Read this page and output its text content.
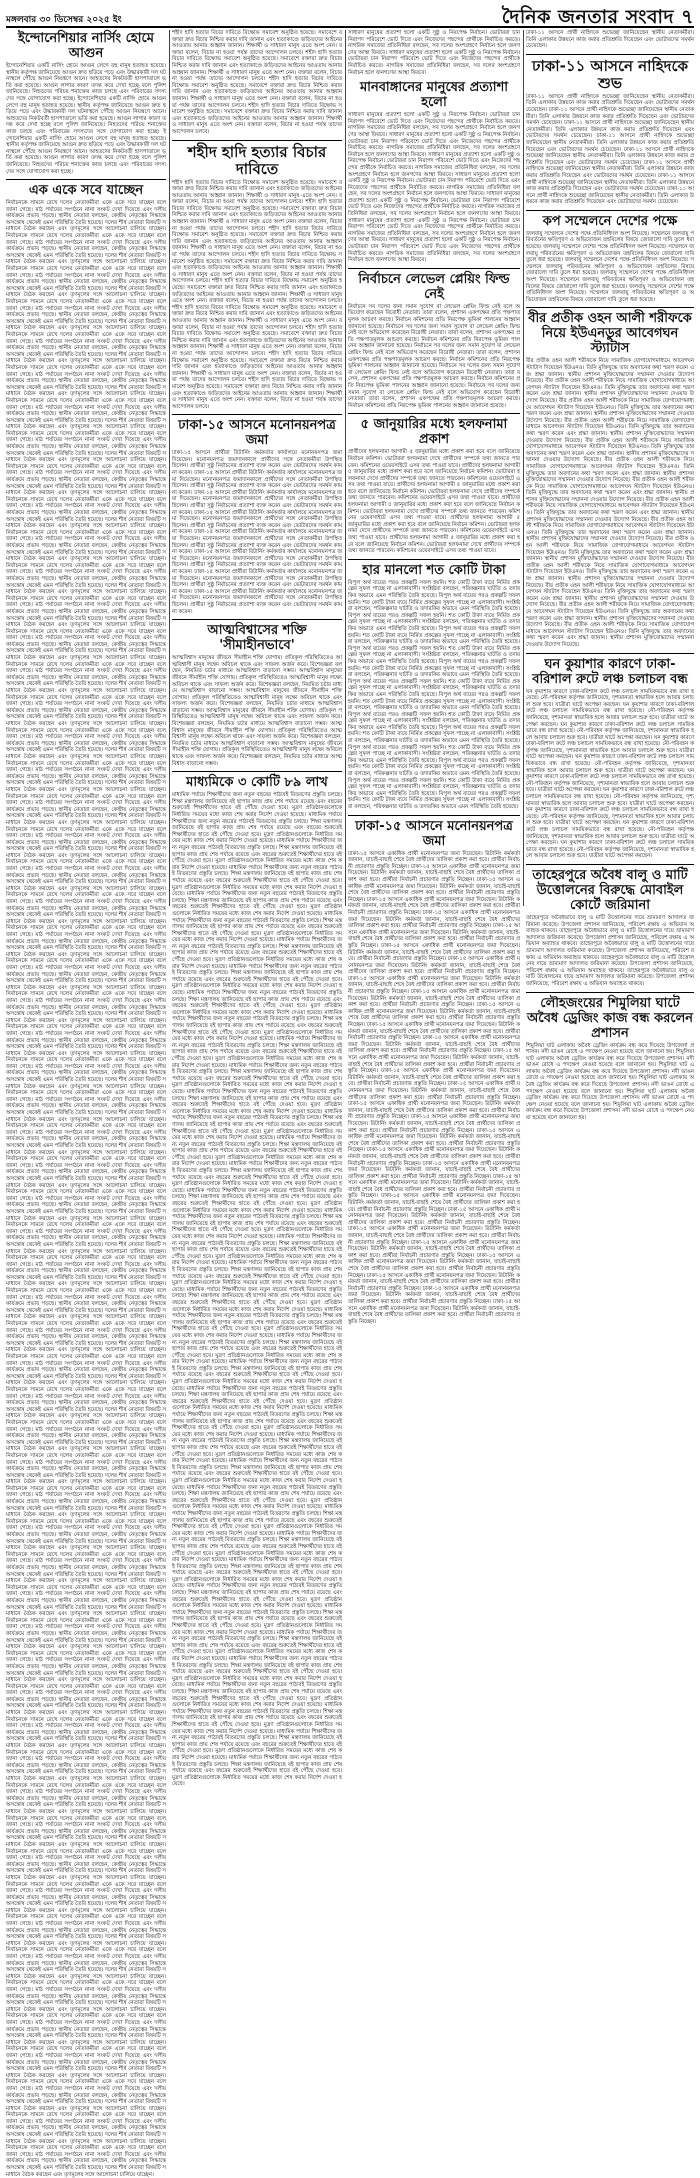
মঙ্গলবার ৩০ ডিসেম্বর ২০২৫ ইং	দৈনিক জনতার সংবাদ ৭
ইন্দোনেশিয়ার নার্সিং হোমে আগুন
ইন্দোনেশিয়ার একটি নার্সিং হোমে আগুন লেগে বহু মানুষ হতাহত হয়েছে। স্থানীয় কর্তৃপক্ষ জানিয়েছে আগুন দ্রুত ছড়িয়ে পড়ে এবং উদ্ধারকারী দল ঘটনাস্থলে পৌঁছে আগুন নিয়ন্ত্রণে আনে। আহতদের নিকটবর্তী হাসপাতালে ভর্তি করা হয়েছে। আগুন লাগার কারণ তদন্ত করে দেখা হচ্ছে বলে পুলিশ জানিয়েছে। নিহতদের পরিচয় শনাক্তের কাজ চলছে এবং পরিবারের সদস্যদের সঙ্গে যোগাযোগ করা হচ্ছে। ইন্দোনেশিয়ার একটি নার্সিং হোমে আগুন লেগে বহু মানুষ হতাহত হয়েছে। স্থানীয় কর্তৃপক্ষ জানিয়েছে আগুন দ্রুত ছড়িয়ে পড়ে এবং উদ্ধারকারী দল ঘটনাস্থলে পৌঁছে আগুন নিয়ন্ত্রণে আনে। আহতদের নিকটবর্তী হাসপাতালে ভর্তি করা হয়েছে। আগুন লাগার কারণ তদন্ত করে দেখা হচ্ছে বলে পুলিশ জানিয়েছে। নিহতদের পরিচয় শনাক্তের কাজ চলছে এবং পরিবারের সদস্যদের সঙ্গে যোগাযোগ করা হচ্ছে। ইন্দোনেশিয়ার একটি নার্সিং হোমে আগুন লেগে বহু মানুষ হতাহত হয়েছে। স্থানীয় কর্তৃপক্ষ জানিয়েছে আগুন দ্রুত ছড়িয়ে পড়ে এবং উদ্ধারকারী দল ঘটনাস্থলে পৌঁছে আগুন নিয়ন্ত্রণে আনে। আহতদের নিকটবর্তী হাসপাতালে ভর্তি করা হয়েছে। আগুন লাগার কারণ তদন্ত করে দেখা হচ্ছে বলে পুলিশ জানিয়েছে। নিহতদের পরিচয় শনাক্তের কাজ চলছে এবং পরিবারের সদস্যদের সঙ্গে যোগাযোগ করা হচ্ছে।
এক একে সবে যাচ্ছেন
নির্বাচনকে সামনে রেখে দলের নেতাকর্মীরা একে একে সরে যাচ্ছেন বলে জানা গেছে। মাঠ পর্যায়ের সংগঠনে নানা সংকট দেখা দিয়েছে এবং দলীয় কার্যক্রমে প্রভাব পড়ছে। স্থানীয় নেতারা বলছেন, কেন্দ্রীয় নেতৃত্বের সিদ্ধান্তে অসন্তোষ থেকেই এমন পরিস্থিতি তৈরি হয়েছে। দলের শীর্ষ নেতারা বিষয়টি সমাধানে বৈঠক করছেন এবং তৃণমূলের সঙ্গে আলোচনা চালিয়ে যাচ্ছেন। নির্বাচনকে সামনে রেখে দলের নেতাকর্মীরা একে একে সরে যাচ্ছেন বলে জানা গেছে। মাঠ পর্যায়ের সংগঠনে নানা সংকট দেখা দিয়েছে এবং দলীয় কার্যক্রমে প্রভাব পড়ছে। স্থানীয় নেতারা বলছেন, কেন্দ্রীয় নেতৃত্বের সিদ্ধান্তে অসন্তোষ থেকেই এমন পরিস্থিতি তৈরি হয়েছে। দলের শীর্ষ নেতারা বিষয়টি সমাধানে বৈঠক করছেন এবং তৃণমূলের সঙ্গে আলোচনা চালিয়ে যাচ্ছেন। নির্বাচনকে সামনে রেখে দলের নেতাকর্মীরা একে একে সরে যাচ্ছেন বলে জানা গেছে। মাঠ পর্যায়ের সংগঠনে নানা সংকট দেখা দিয়েছে এবং দলীয় কার্যক্রমে প্রভাব পড়ছে। স্থানীয় নেতারা বলছেন, কেন্দ্রীয় নেতৃত্বের সিদ্ধান্তে অসন্তোষ থেকেই এমন পরিস্থিতি তৈরি হয়েছে। দলের শীর্ষ নেতারা বিষয়টি সমাধানে বৈঠক করছেন এবং তৃণমূলের সঙ্গে আলোচনা চালিয়ে যাচ্ছেন। নির্বাচনকে সামনে রেখে দলের নেতাকর্মীরা একে একে সরে যাচ্ছেন বলে জানা গেছে। মাঠ পর্যায়ের সংগঠনে নানা সংকট দেখা দিয়েছে এবং দলীয় কার্যক্রমে প্রভাব পড়ছে। স্থানীয় নেতারা বলছেন, কেন্দ্রীয় নেতৃত্বের সিদ্ধান্তে অসন্তোষ থেকেই এমন পরিস্থিতি তৈরি হয়েছে। দলের শীর্ষ নেতারা বিষয়টি সমাধানে বৈঠক করছেন এবং তৃণমূলের সঙ্গে আলোচনা চালিয়ে যাচ্ছেন। নির্বাচনকে সামনে রেখে দলের নেতাকর্মীরা একে একে সরে যাচ্ছেন বলে জানা গেছে। মাঠ পর্যায়ের সংগঠনে নানা সংকট দেখা দিয়েছে এবং দলীয় কার্যক্রমে প্রভাব পড়ছে। স্থানীয় নেতারা বলছেন, কেন্দ্রীয় নেতৃত্বের সিদ্ধান্তে অসন্তোষ থেকেই এমন পরিস্থিতি তৈরি হয়েছে। দলের শীর্ষ নেতারা বিষয়টি সমাধানে বৈঠক করছেন এবং তৃণমূলের সঙ্গে আলোচনা চালিয়ে যাচ্ছেন। নির্বাচনকে সামনে রেখে দলের নেতাকর্মীরা একে একে সরে যাচ্ছেন বলে জানা গেছে। মাঠ পর্যায়ের সংগঠনে নানা সংকট দেখা দিয়েছে এবং দলীয় কার্যক্রমে প্রভাব পড়ছে। স্থানীয় নেতারা বলছেন, কেন্দ্রীয় নেতৃত্বের সিদ্ধান্তে অসন্তোষ থেকেই এমন পরিস্থিতি তৈরি হয়েছে। দলের শীর্ষ নেতারা বিষয়টি সমাধানে বৈঠক করছেন এবং তৃণমূলের সঙ্গে আলোচনা চালিয়ে যাচ্ছেন। নির্বাচনকে সামনে রেখে দলের নেতাকর্মীরা একে একে সরে যাচ্ছেন বলে জানা গেছে। মাঠ পর্যায়ের সংগঠনে নানা সংকট দেখা দিয়েছে এবং দলীয় কার্যক্রমে প্রভাব পড়ছে। স্থানীয় নেতারা বলছেন, কেন্দ্রীয় নেতৃত্বের সিদ্ধান্তে অসন্তোষ থেকেই এমন পরিস্থিতি তৈরি হয়েছে। দলের শীর্ষ নেতারা বিষয়টি সমাধানে বৈঠক করছেন এবং তৃণমূলের সঙ্গে আলোচনা চালিয়ে যাচ্ছেন। নির্বাচনকে সামনে রেখে দলের নেতাকর্মীরা একে একে সরে যাচ্ছেন বলে জানা গেছে। মাঠ পর্যায়ের সংগঠনে নানা সংকট দেখা দিয়েছে এবং দলীয় কার্যক্রমে প্রভাব পড়ছে। স্থানীয় নেতারা বলছেন, কেন্দ্রীয় নেতৃত্বের সিদ্ধান্তে অসন্তোষ থেকেই এমন পরিস্থিতি তৈরি হয়েছে। দলের শীর্ষ নেতারা বিষয়টি সমাধানে বৈঠক করছেন এবং তৃণমূলের সঙ্গে আলোচনা চালিয়ে যাচ্ছেন। নির্বাচনকে সামনে রেখে দলের নেতাকর্মীরা একে একে সরে যাচ্ছেন বলে জানা গেছে। মাঠ পর্যায়ের সংগঠনে নানা সংকট দেখা দিয়েছে এবং দলীয় কার্যক্রমে প্রভাব পড়ছে। স্থানীয় নেতারা বলছেন, কেন্দ্রীয় নেতৃত্বের সিদ্ধান্তে অসন্তোষ থেকেই এমন পরিস্থিতি তৈরি হয়েছে। দলের শীর্ষ নেতারা বিষয়টি সমাধানে বৈঠক করছেন এবং তৃণমূলের সঙ্গে আলোচনা চালিয়ে যাচ্ছেন। নির্বাচনকে সামনে রেখে দলের নেতাকর্মীরা একে একে সরে যাচ্ছেন বলে জানা গেছে। মাঠ পর্যায়ের সংগঠনে নানা সংকট দেখা দিয়েছে এবং দলীয় কার্যক্রমে প্রভাব পড়ছে। স্থানীয় নেতারা বলছেন, কেন্দ্রীয় নেতৃত্বের সিদ্ধান্তে অসন্তোষ থেকেই এমন পরিস্থিতি তৈরি হয়েছে। দলের শীর্ষ নেতারা বিষয়টি সমাধানে বৈঠক করছেন এবং তৃণমূলের সঙ্গে আলোচনা চালিয়ে যাচ্ছেন। নির্বাচনকে সামনে রেখে দলের নেতাকর্মীরা একে একে সরে যাচ্ছেন বলে জানা গেছে। মাঠ পর্যায়ের সংগঠনে নানা সংকট দেখা দিয়েছে এবং দলীয় কার্যক্রমে প্রভাব পড়ছে। স্থানীয় নেতারা বলছেন, কেন্দ্রীয় নেতৃত্বের সিদ্ধান্তে অসন্তোষ থেকেই এমন পরিস্থিতি তৈরি হয়েছে। দলের শীর্ষ নেতারা বিষয়টি সমাধানে বৈঠক করছেন এবং তৃণমূলের সঙ্গে আলোচনা চালিয়ে যাচ্ছেন। নির্বাচনকে সামনে রেখে দলের নেতাকর্মীরা একে একে সরে যাচ্ছেন বলে জানা গেছে। মাঠ পর্যায়ের সংগঠনে নানা সংকট দেখা দিয়েছে এবং দলীয় কার্যক্রমে প্রভাব পড়ছে। স্থানীয় নেতারা বলছেন, কেন্দ্রীয় নেতৃত্বের সিদ্ধান্তে অসন্তোষ থেকেই এমন পরিস্থিতি তৈরি হয়েছে। দলের শীর্ষ নেতারা বিষয়টি সমাধানে বৈঠক করছেন এবং তৃণমূলের সঙ্গে আলোচনা চালিয়ে যাচ্ছেন। নির্বাচনকে সামনে রেখে দলের নেতাকর্মীরা একে একে সরে যাচ্ছেন বলে জানা গেছে। মাঠ পর্যায়ের সংগঠনে নানা সংকট দেখা দিয়েছে এবং দলীয় কার্যক্রমে প্রভাব পড়ছে। স্থানীয় নেতারা বলছেন, কেন্দ্রীয় নেতৃত্বের সিদ্ধান্তে অসন্তোষ থেকেই এমন পরিস্থিতি তৈরি হয়েছে। দলের শীর্ষ নেতারা বিষয়টি সমাধানে বৈঠক করছেন এবং তৃণমূলের সঙ্গে আলোচনা চালিয়ে যাচ্ছেন। নির্বাচনকে সামনে রেখে দলের নেতাকর্মীরা একে একে সরে যাচ্ছেন বলে জানা গেছে। মাঠ পর্যায়ের সংগঠনে নানা সংকট দেখা দিয়েছে এবং দলীয় কার্যক্রমে প্রভাব পড়ছে। স্থানীয় নেতারা বলছেন, কেন্দ্রীয় নেতৃত্বের সিদ্ধান্তে অসন্তোষ থেকেই এমন পরিস্থিতি তৈরি হয়েছে। দলের শীর্ষ নেতারা বিষয়টি সমাধানে বৈঠক করছেন এবং তৃণমূলের সঙ্গে আলোচনা চালিয়ে যাচ্ছেন। নির্বাচনকে সামনে রেখে দলের নেতাকর্মীরা একে একে সরে যাচ্ছেন বলে জানা গেছে। মাঠ পর্যায়ের সংগঠনে নানা সংকট দেখা দিয়েছে এবং দলীয় কার্যক্রমে প্রভাব পড়ছে। স্থানীয় নেতারা বলছেন, কেন্দ্রীয় নেতৃত্বের সিদ্ধান্তে অসন্তোষ থেকেই এমন পরিস্থিতি তৈরি হয়েছে। দলের শীর্ষ নেতারা বিষয়টি সমাধানে বৈঠক করছেন এবং তৃণমূলের সঙ্গে আলোচনা চালিয়ে যাচ্ছেন। নির্বাচনকে সামনে রেখে দলের নেতাকর্মীরা একে একে সরে যাচ্ছেন বলে জানা গেছে। মাঠ পর্যায়ের সংগঠনে নানা সংকট দেখা দিয়েছে এবং দলীয় কার্যক্রমে প্রভাব পড়ছে। স্থানীয় নেতারা বলছেন, কেন্দ্রীয় নেতৃত্বের সিদ্ধান্তে অসন্তোষ থেকেই এমন পরিস্থিতি তৈরি হয়েছে। দলের শীর্ষ নেতারা বিষয়টি সমাধানে বৈঠক করছেন এবং তৃণমূলের সঙ্গে আলোচনা চালিয়ে যাচ্ছেন। নির্বাচনকে সামনে রেখে দলের নেতাকর্মীরা একে একে সরে যাচ্ছেন বলে জানা গেছে। মাঠ পর্যায়ের সংগঠনে নানা সংকট দেখা দিয়েছে এবং দলীয় কার্যক্রমে প্রভাব পড়ছে। স্থানীয় নেতারা বলছেন, কেন্দ্রীয় নেতৃত্বের সিদ্ধান্তে অসন্তোষ থেকেই এমন পরিস্থিতি তৈরি হয়েছে। দলের শীর্ষ নেতারা বিষয়টি সমাধানে বৈঠক করছেন এবং তৃণমূলের সঙ্গে আলোচনা চালিয়ে যাচ্ছেন। নির্বাচনকে সামনে রেখে দলের নেতাকর্মীরা একে একে সরে যাচ্ছেন বলে জানা গেছে। মাঠ পর্যায়ের সংগঠনে নানা সংকট দেখা দিয়েছে এবং দলীয় কার্যক্রমে প্রভাব পড়ছে। স্থানীয় নেতারা বলছেন, কেন্দ্রীয় নেতৃত্বের সিদ্ধান্তে অসন্তোষ থেকেই এমন পরিস্থিতি তৈরি হয়েছে। দলের শীর্ষ নেতারা বিষয়টি সমাধানে বৈঠক করছেন এবং তৃণমূলের সঙ্গে আলোচনা চালিয়ে যাচ্ছেন। নির্বাচনকে সামনে রেখে দলের নেতাকর্মীরা একে একে সরে যাচ্ছেন বলে জানা গেছে। মাঠ পর্যায়ের সংগঠনে নানা সংকট দেখা দিয়েছে এবং দলীয় কার্যক্রমে প্রভাব পড়ছে। স্থানীয় নেতারা বলছেন, কেন্দ্রীয় নেতৃত্বের সিদ্ধান্তে অসন্তোষ থেকেই এমন পরিস্থিতি তৈরি হয়েছে। দলের শীর্ষ নেতারা বিষয়টি সমাধানে বৈঠক করছেন এবং তৃণমূলের সঙ্গে আলোচনা চালিয়ে যাচ্ছেন। নির্বাচনকে সামনে রেখে দলের নেতাকর্মীরা একে একে সরে যাচ্ছেন বলে জানা গেছে। মাঠ পর্যায়ের সংগঠনে নানা সংকট দেখা দিয়েছে এবং দলীয় কার্যক্রমে প্রভাব পড়ছে। স্থানীয় নেতারা বলছেন, কেন্দ্রীয় নেতৃত্বের সিদ্ধান্তে অসন্তোষ থেকেই এমন পরিস্থিতি তৈরি হয়েছে। দলের শীর্ষ নেতারা বিষয়টি সমাধানে বৈঠক করছেন এবং তৃণমূলের সঙ্গে আলোচনা চালিয়ে যাচ্ছেন। নির্বাচনকে সামনে রেখে দলের নেতাকর্মীরা একে একে সরে যাচ্ছেন বলে জানা গেছে। মাঠ পর্যায়ের সংগঠনে নানা সংকট দেখা দিয়েছে এবং দলীয় কার্যক্রমে প্রভাব পড়ছে। স্থানীয় নেতারা বলছেন, কেন্দ্রীয় নেতৃত্বের সিদ্ধান্তে অসন্তোষ থেকেই এমন পরিস্থিতি তৈরি হয়েছে। দলের শীর্ষ নেতারা বিষয়টি সমাধানে বৈঠক করছেন এবং তৃণমূলের সঙ্গে আলোচনা চালিয়ে যাচ্ছেন। নির্বাচনকে সামনে রেখে দলের নেতাকর্মীরা একে একে সরে যাচ্ছেন বলে জানা গেছে। মাঠ পর্যায়ের সংগঠনে নানা সংকট দেখা দিয়েছে এবং দলীয় কার্যক্রমে প্রভাব পড়ছে। স্থানীয় নেতারা বলছেন, কেন্দ্রীয় নেতৃত্বের সিদ্ধান্তে অসন্তোষ থেকেই এমন পরিস্থিতি তৈরি হয়েছে। দলের শীর্ষ নেতারা বিষয়টি সমাধানে বৈঠক করছেন এবং তৃণমূলের সঙ্গে আলোচনা চালিয়ে যাচ্ছেন। নির্বাচনকে সামনে রেখে দলের নেতাকর্মীরা একে একে সরে যাচ্ছেন বলে জানা গেছে। মাঠ পর্যায়ের সংগঠনে নানা সংকট দেখা দিয়েছে এবং দলীয় কার্যক্রমে প্রভাব পড়ছে। স্থানীয় নেতারা বলছেন, কেন্দ্রীয় নেতৃত্বের সিদ্ধান্তে অসন্তোষ থেকেই এমন পরিস্থিতি তৈরি হয়েছে। দলের শীর্ষ নেতারা বিষয়টি সমাধানে বৈঠক করছেন এবং তৃণমূলের সঙ্গে আলোচনা চালিয়ে যাচ্ছেন। নির্বাচনকে সামনে রেখে দলের নেতাকর্মীরা একে একে সরে যাচ্ছেন বলে জানা গেছে। মাঠ পর্যায়ের সংগঠনে নানা সংকট দেখা দিয়েছে এবং দলীয় কার্যক্রমে প্রভাব পড়ছে। স্থানীয় নেতারা বলছেন, কেন্দ্রীয় নেতৃত্বের সিদ্ধান্তে অসন্তোষ থেকেই এমন পরিস্থিতি তৈরি হয়েছে। দলের শীর্ষ নেতারা বিষয়টি সমাধানে বৈঠক করছেন এবং তৃণমূলের সঙ্গে আলোচনা চালিয়ে যাচ্ছেন। নির্বাচনকে সামনে রেখে দলের নেতাকর্মীরা একে একে সরে যাচ্ছেন বলে জানা গেছে। মাঠ পর্যায়ের সংগঠনে নানা সংকট দেখা দিয়েছে এবং দলীয় কার্যক্রমে প্রভাব পড়ছে। স্থানীয় নেতারা বলছেন, কেন্দ্রীয় নেতৃত্বের সিদ্ধান্তে অসন্তোষ থেকেই এমন পরিস্থিতি তৈরি হয়েছে। দলের শীর্ষ নেতারা বিষয়টি সমাধানে বৈঠক করছেন এবং তৃণমূলের সঙ্গে আলোচনা চালিয়ে যাচ্ছেন। নির্বাচনকে সামনে রেখে দলের নেতাকর্মীরা একে একে সরে যাচ্ছেন বলে জানা গেছে। মাঠ পর্যায়ের সংগঠনে নানা সংকট দেখা দিয়েছে এবং দলীয় কার্যক্রমে প্রভাব পড়ছে। স্থানীয় নেতারা বলছেন, কেন্দ্রীয় নেতৃত্বের সিদ্ধান্তে অসন্তোষ থেকেই এমন পরিস্থিতি তৈরি হয়েছে। দলের শীর্ষ নেতারা বিষয়টি সমাধানে বৈঠক করছেন এবং তৃণমূলের সঙ্গে আলোচনা চালিয়ে যাচ্ছেন। নির্বাচনকে সামনে রেখে দলের নেতাকর্মীরা একে একে সরে যাচ্ছেন বলে জানা গেছে। মাঠ পর্যায়ের সংগঠনে নানা সংকট দেখা দিয়েছে এবং দলীয় কার্যক্রমে প্রভাব পড়ছে। স্থানীয় নেতারা বলছেন, কেন্দ্রীয় নেতৃত্বের সিদ্ধান্তে অসন্তোষ থেকেই এমন পরিস্থিতি তৈরি হয়েছে। দলের শীর্ষ নেতারা বিষয়টি সমাধানে বৈঠক করছেন এবং তৃণমূলের সঙ্গে আলোচনা চালিয়ে যাচ্ছেন। নির্বাচনকে সামনে রেখে দলের নেতাকর্মীরা একে একে সরে যাচ্ছেন বলে জানা গেছে। মাঠ পর্যায়ের সংগঠনে নানা সংকট দেখা দিয়েছে এবং দলীয় কার্যক্রমে প্রভাব পড়ছে। স্থানীয় নেতারা বলছেন, কেন্দ্রীয় নেতৃত্বের সিদ্ধান্তে অসন্তোষ থেকেই এমন পরিস্থিতি তৈরি হয়েছে। দলের শীর্ষ নেতারা বিষয়টি সমাধানে বৈঠক করছেন এবং তৃণমূলের সঙ্গে আলোচনা চালিয়ে যাচ্ছেন। নির্বাচনকে সামনে রেখে দলের নেতাকর্মীরা একে একে সরে যাচ্ছেন বলে জানা গেছে। মাঠ পর্যায়ের সংগঠনে নানা সংকট দেখা দিয়েছে এবং দলীয় কার্যক্রমে প্রভাব পড়ছে। স্থানীয় নেতারা বলছেন, কেন্দ্রীয় নেতৃত্বের সিদ্ধান্তে অসন্তোষ থেকেই এমন পরিস্থিতি তৈরি হয়েছে। দলের শীর্ষ নেতারা বিষয়টি সমাধানে বৈঠক করছেন এবং তৃণমূলের সঙ্গে আলোচনা চালিয়ে যাচ্ছেন। নির্বাচনকে সামনে রেখে দলের নেতাকর্মীরা একে একে সরে যাচ্ছেন বলে জানা গেছে। মাঠ পর্যায়ের সংগঠনে নানা সংকট দেখা দিয়েছে এবং দলীয় কার্যক্রমে প্রভাব পড়ছে। স্থানীয় নেতারা বলছেন, কেন্দ্রীয় নেতৃত্বের সিদ্ধান্তে অসন্তোষ থেকেই এমন পরিস্থিতি তৈরি হয়েছে। দলের শীর্ষ নেতারা বিষয়টি সমাধানে বৈঠক করছেন এবং তৃণমূলের সঙ্গে আলোচনা চালিয়ে যাচ্ছেন। নির্বাচনকে সামনে রেখে দলের নেতাকর্মীরা একে একে সরে যাচ্ছেন বলে জানা গেছে। মাঠ পর্যায়ের সংগঠনে নানা সংকট দেখা দিয়েছে এবং দলীয় কার্যক্রমে প্রভাব পড়ছে। স্থানীয় নেতারা বলছেন, কেন্দ্রীয় নেতৃত্বের সিদ্ধান্তে অসন্তোষ থেকেই এমন পরিস্থিতি তৈরি হয়েছে। দলের শীর্ষ নেতারা বিষয়টি সমাধানে বৈঠক করছেন এবং তৃণমূলের সঙ্গে আলোচনা চালিয়ে যাচ্ছেন। নির্বাচনকে সামনে রেখে দলের নেতাকর্মীরা একে একে সরে যাচ্ছেন বলে জানা গেছে। মাঠ পর্যায়ের সংগঠনে নানা সংকট দেখা দিয়েছে এবং দলীয় কার্যক্রমে প্রভাব পড়ছে। স্থানীয় নেতারা বলছেন, কেন্দ্রীয় নেতৃত্বের সিদ্ধান্তে অসন্তোষ থেকেই এমন পরিস্থিতি তৈরি হয়েছে। দলের শীর্ষ নেতারা বিষয়টি সমাধানে বৈঠক করছেন এবং তৃণমূলের সঙ্গে আলোচনা চালিয়ে যাচ্ছেন। নির্বাচনকে সামনে রেখে দলের নেতাকর্মীরা একে একে সরে যাচ্ছেন বলে জানা গেছে। মাঠ পর্যায়ের সংগঠনে নানা সংকট দেখা দিয়েছে এবং দলীয় কার্যক্রমে প্রভাব পড়ছে। স্থানীয় নেতারা বলছেন, কেন্দ্রীয় নেতৃত্বের সিদ্ধান্তে অসন্তোষ থেকেই এমন পরিস্থিতি তৈরি হয়েছে। দলের শীর্ষ নেতারা বিষয়টি সমাধানে বৈঠক করছেন এবং তৃণমূলের সঙ্গে আলোচনা চালিয়ে যাচ্ছেন। নির্বাচনকে সামনে রেখে দলের নেতাকর্মীরা একে একে সরে যাচ্ছেন বলে জানা গেছে। মাঠ পর্যায়ের সংগঠনে নানা সংকট দেখা দিয়েছে এবং দলীয় কার্যক্রমে প্রভাব পড়ছে। স্থানীয় নেতারা বলছেন, কেন্দ্রীয় নেতৃত্বের সিদ্ধান্তে অসন্তোষ থেকেই এমন পরিস্থিতি তৈরি হয়েছে। দলের শীর্ষ নেতারা বিষয়টি সমাধানে বৈঠক করছেন এবং তৃণমূলের সঙ্গে আলোচনা চালিয়ে যাচ্ছেন। নির্বাচনকে সামনে রেখে দলের নেতাকর্মীরা একে একে সরে যাচ্ছেন বলে জানা গেছে। মাঠ পর্যায়ের সংগঠনে নানা সংকট দেখা দিয়েছে এবং দলীয় কার্যক্রমে প্রভাব পড়ছে। স্থানীয় নেতারা বলছেন, কেন্দ্রীয় নেতৃত্বের সিদ্ধান্তে অসন্তোষ থেকেই এমন পরিস্থিতি তৈরি হয়েছে। দলের শীর্ষ নেতারা বিষয়টি সমাধানে বৈঠক করছেন এবং তৃণমূলের সঙ্গে আলোচনা চালিয়ে যাচ্ছেন। নির্বাচনকে সামনে রেখে দলের নেতাকর্মীরা একে একে সরে যাচ্ছেন বলে জানা গেছে। মাঠ পর্যায়ের সংগঠনে নানা সংকট দেখা দিয়েছে এবং দলীয় কার্যক্রমে প্রভাব পড়ছে। স্থানীয় নেতারা বলছেন, কেন্দ্রীয় নেতৃত্বের সিদ্ধান্তে অসন্তোষ থেকেই এমন পরিস্থিতি তৈরি হয়েছে। দলের শীর্ষ নেতারা বিষয়টি সমাধানে বৈঠক করছেন এবং তৃণমূলের সঙ্গে আলোচনা চালিয়ে যাচ্ছেন। নির্বাচনকে সামনে রেখে দলের নেতাকর্মীরা একে একে সরে যাচ্ছেন বলে জানা গেছে। মাঠ পর্যায়ের সংগঠনে নানা সংকট দেখা দিয়েছে এবং দলীয় কার্যক্রমে প্রভাব পড়ছে। স্থানীয় নেতারা বলছেন, কেন্দ্রীয় নেতৃত্বের সিদ্ধান্তে অসন্তোষ থেকেই এমন পরিস্থিতি তৈরি হয়েছে। দলের শীর্ষ নেতারা বিষয়টি সমাধানে বৈঠক করছেন এবং তৃণমূলের সঙ্গে আলোচনা চালিয়ে যাচ্ছেন। নির্বাচনকে সামনে রেখে দলের নেতাকর্মীরা একে একে সরে যাচ্ছেন বলে জানা গেছে। মাঠ পর্যায়ের সংগঠনে নানা সংকট দেখা দিয়েছে এবং দলীয় কার্যক্রমে প্রভাব পড়ছে। স্থানীয় নেতারা বলছেন, কেন্দ্রীয় নেতৃত্বের সিদ্ধান্তে অসন্তোষ থেকেই এমন পরিস্থিতি তৈরি হয়েছে। দলের শীর্ষ নেতারা বিষয়টি সমাধানে বৈঠক করছেন এবং তৃণমূলের সঙ্গে আলোচনা চালিয়ে যাচ্ছেন। নির্বাচনকে সামনে রেখে দলের নেতাকর্মীরা একে একে সরে যাচ্ছেন বলে জানা গেছে। মাঠ পর্যায়ের সংগঠনে নানা সংকট দেখা দিয়েছে এবং দলীয় কার্যক্রমে প্রভাব পড়ছে। স্থানীয় নেতারা বলছেন, কেন্দ্রীয় নেতৃত্বের সিদ্ধান্তে অসন্তোষ থেকেই এমন পরিস্থিতি তৈরি হয়েছে। দলের শীর্ষ নেতারা বিষয়টি সমাধানে বৈঠক করছেন এবং তৃণমূলের সঙ্গে আলোচনা চালিয়ে যাচ্ছেন। নির্বাচনকে সামনে রেখে দলের নেতাকর্মীরা একে একে সরে যাচ্ছেন বলে জানা গেছে। মাঠ পর্যায়ের সংগঠনে নানা সংকট দেখা দিয়েছে এবং দলীয় কার্যক্রমে প্রভাব পড়ছে। স্থানীয় নেতারা বলছেন, কেন্দ্রীয় নেতৃত্বের সিদ্ধান্তে অসন্তোষ থেকেই এমন পরিস্থিতি তৈরি হয়েছে। দলের শীর্ষ নেতারা বিষয়টি সমাধানে বৈঠক করছেন এবং তৃণমূলের সঙ্গে আলোচনা চালিয়ে যাচ্ছেন। নির্বাচনকে সামনে রেখে দলের নেতাকর্মীরা একে একে সরে যাচ্ছেন বলে জানা গেছে। মাঠ পর্যায়ের সংগঠনে নানা সংকট দেখা দিয়েছে এবং দলীয় কার্যক্রমে প্রভাব পড়ছে। স্থানীয় নেতারা বলছেন, কেন্দ্রীয় নেতৃত্বের সিদ্ধান্তে অসন্তোষ থেকেই এমন পরিস্থিতি তৈরি হয়েছে। দলের শীর্ষ নেতারা বিষয়টি সমাধানে বৈঠক করছেন এবং তৃণমূলের সঙ্গে আলোচনা চালিয়ে যাচ্ছেন। নির্বাচনকে সামনে রেখে দলের নেতাকর্মীরা একে একে সরে যাচ্ছেন বলে জানা গেছে। মাঠ পর্যায়ের সংগঠনে নানা সংকট দেখা দিয়েছে এবং দলীয় কার্যক্রমে প্রভাব পড়ছে। স্থানীয় নেতারা বলছেন, কেন্দ্রীয় নেতৃত্বের সিদ্ধান্তে অসন্তোষ থেকেই এমন পরিস্থিতি তৈরি হয়েছে। দলের শীর্ষ নেতারা বিষয়টি সমাধানে বৈঠক করছেন এবং তৃণমূলের সঙ্গে আলোচনা চালিয়ে যাচ্ছেন। নির্বাচনকে সামনে রেখে দলের নেতাকর্মীরা একে একে সরে যাচ্ছেন বলে জানা গেছে। মাঠ পর্যায়ের সংগঠনে নানা সংকট দেখা দিয়েছে এবং দলীয় কার্যক্রমে প্রভাব পড়ছে। স্থানীয় নেতারা বলছেন, কেন্দ্রীয় নেতৃত্বের সিদ্ধান্তে অসন্তোষ থেকেই এমন পরিস্থিতি তৈরি হয়েছে। দলের শীর্ষ নেতারা বিষয়টি সমাধানে বৈঠক করছেন এবং তৃণমূলের সঙ্গে আলোচনা চালিয়ে যাচ্ছেন। নির্বাচনকে সামনে রেখে দলের নেতাকর্মীরা একে একে সরে যাচ্ছেন বলে জানা গেছে। মাঠ পর্যায়ের সংগঠনে নানা সংকট দেখা দিয়েছে এবং দলীয় কার্যক্রমে প্রভাব পড়ছে। স্থানীয় নেতারা বলছেন, কেন্দ্রীয় নেতৃত্বের সিদ্ধান্তে অসন্তোষ থেকেই এমন পরিস্থিতি তৈরি হয়েছে। দলের শীর্ষ নেতারা বিষয়টি সমাধানে বৈঠক করছেন এবং তৃণমূলের সঙ্গে আলোচনা চালিয়ে যাচ্ছেন। নির্বাচনকে সামনে রেখে দলের নেতাকর্মীরা একে একে সরে যাচ্ছেন বলে জানা গেছে। মাঠ পর্যায়ের সংগঠনে নানা সংকট দেখা দিয়েছে এবং দলীয় কার্যক্রমে প্রভাব পড়ছে। স্থানীয় নেতারা বলছেন, কেন্দ্রীয় নেতৃত্বের সিদ্ধান্তে অসন্তোষ থেকেই এমন পরিস্থিতি তৈরি হয়েছে। দলের শীর্ষ নেতারা বিষয়টি সমাধানে বৈঠক করছেন এবং তৃণমূলের সঙ্গে আলোচনা চালিয়ে যাচ্ছেন। নির্বাচনকে সামনে রেখে দলের নেতাকর্মীরা একে একে সরে যাচ্ছেন বলে জানা গেছে। মাঠ পর্যায়ের সংগঠনে নানা সংকট দেখা দিয়েছে এবং দলীয় কার্যক্রমে প্রভাব পড়ছে। স্থানীয় নেতারা বলছেন, কেন্দ্রীয় নেতৃত্বের সিদ্ধান্তে অসন্তোষ থেকেই এমন পরিস্থিতি তৈরি হয়েছে। দলের শীর্ষ নেতারা বিষয়টি সমাধানে বৈঠক করছেন এবং তৃণমূলের সঙ্গে আলোচনা চালিয়ে যাচ্ছেন। নির্বাচনকে সামনে রেখে দলের নেতাকর্মীরা একে একে সরে যাচ্ছেন বলে জানা গেছে। মাঠ পর্যায়ের সংগঠনে নানা সংকট দেখা দিয়েছে এবং দলীয় কার্যক্রমে প্রভাব পড়ছে। স্থানীয় নেতারা বলছেন, কেন্দ্রীয় নেতৃত্বের সিদ্ধান্তে অসন্তোষ থেকেই এমন পরিস্থিতি তৈরি হয়েছে। দলের শীর্ষ নেতারা বিষয়টি সমাধানে বৈঠক করছেন এবং তৃণমূলের সঙ্গে আলোচনা চালিয়ে যাচ্ছেন। নির্বাচনকে সামনে রেখে দলের নেতাকর্মীরা একে একে সরে যাচ্ছেন বলে জানা গেছে। মাঠ পর্যায়ের সংগঠনে নানা সংকট দেখা দিয়েছে এবং দলীয় কার্যক্রমে প্রভাব পড়ছে। স্থানীয় নেতারা বলছেন, কেন্দ্রীয় নেতৃত্বের সিদ্ধান্তে অসন্তোষ থেকেই এমন পরিস্থিতি তৈরি হয়েছে। দলের শীর্ষ নেতারা বিষয়টি সমাধানে বৈঠক করছেন এবং তৃণমূলের সঙ্গে আলোচনা চালিয়ে যাচ্ছেন। নির্বাচনকে সামনে রেখে দলের নেতাকর্মীরা একে একে সরে যাচ্ছেন বলে জানা গেছে। মাঠ পর্যায়ের সংগঠনে নানা সংকট দেখা দিয়েছে এবং দলীয় কার্যক্রমে প্রভাব পড়ছে। স্থানীয় নেতারা বলছেন, কেন্দ্রীয় নেতৃত্বের সিদ্ধান্তে অসন্তোষ থেকেই এমন পরিস্থিতি তৈরি হয়েছে। দলের শীর্ষ নেতারা বিষয়টি সমাধানে বৈঠক করছেন এবং তৃণমূলের সঙ্গে আলোচনা চালিয়ে যাচ্ছেন। নির্বাচনকে সামনে রেখে দলের নেতাকর্মীরা একে একে সরে যাচ্ছেন বলে জানা গেছে। মাঠ পর্যায়ের সংগঠনে নানা সংকট দেখা দিয়েছে এবং দলীয় কার্যক্রমে প্রভাব পড়ছে। স্থানীয় নেতারা বলছেন, কেন্দ্রীয় নেতৃত্বের সিদ্ধান্তে অসন্তোষ থেকেই এমন পরিস্থিতি তৈরি হয়েছে। দলের শীর্ষ নেতারা বিষয়টি সমাধানে বৈঠক করছেন এবং তৃণমূলের সঙ্গে আলোচনা চালিয়ে যাচ্ছেন। নির্বাচনকে সামনে রেখে দলের নেতাকর্মীরা একে একে সরে যাচ্ছেন বলে জানা গেছে। মাঠ পর্যায়ের সংগঠনে নানা সংকট দেখা দিয়েছে এবং দলীয় কার্যক্রমে প্রভাব পড়ছে। স্থানীয় নেতারা বলছেন, কেন্দ্রীয় নেতৃত্বের সিদ্ধান্তে অসন্তোষ থেকেই এমন পরিস্থিতি তৈরি হয়েছে। দলের শীর্ষ নেতারা বিষয়টি সমাধানে বৈঠক করছেন এবং তৃণমূলের সঙ্গে আলোচনা চালিয়ে যাচ্ছেন। নির্বাচনকে সামনে রেখে দলের নেতাকর্মীরা একে একে সরে যাচ্ছেন বলে জানা গেছে। মাঠ পর্যায়ের সংগঠনে নানা সংকট দেখা দিয়েছে এবং দলীয় কার্যক্রমে প্রভাব পড়ছে। স্থানীয় নেতারা বলছেন, কেন্দ্রীয় নেতৃত্বের সিদ্ধান্তে অসন্তোষ থেকেই এমন পরিস্থিতি তৈরি হয়েছে। দলের শীর্ষ নেতারা বিষয়টি সমাধানে বৈঠক করছেন এবং তৃণমূলের সঙ্গে আলোচনা চালিয়ে যাচ্ছেন। নির্বাচনকে সামনে রেখে দলের নেতাকর্মীরা একে একে সরে যাচ্ছেন বলে জানা গেছে। মাঠ পর্যায়ের সংগঠনে নানা সংকট দেখা দিয়েছে এবং দলীয় কার্যক্রমে প্রভাব পড়ছে। স্থানীয় নেতারা বলছেন, কেন্দ্রীয় নেতৃত্বের সিদ্ধান্তে অসন্তোষ থেকেই এমন পরিস্থিতি তৈরি হয়েছে। দলের শীর্ষ নেতারা বিষয়টি সমাধানে বৈঠক করছেন এবং তৃণমূলের সঙ্গে আলোচনা চালিয়ে যাচ্ছেন। নির্বাচনকে সামনে রেখে দলের নেতাকর্মীরা একে একে সরে যাচ্ছেন বলে জানা গেছে। মাঠ পর্যায়ের সংগঠনে নানা সংকট দেখা দিয়েছে এবং দলীয় কার্যক্রমে প্রভাব পড়ছে। স্থানীয় নেতারা বলছেন, কেন্দ্রীয় নেতৃত্বের সিদ্ধান্তে অসন্তোষ থেকেই এমন পরিস্থিতি তৈরি হয়েছে। দলের শীর্ষ নেতারা বিষয়টি সমাধানে বৈঠক করছেন এবং তৃণমূলের সঙ্গে আলোচনা চালিয়ে যাচ্ছেন। নির্বাচনকে সামনে রেখে দলের নেতাকর্মীরা একে একে সরে যাচ্ছেন বলে জানা গেছে। মাঠ পর্যায়ের সংগঠনে নানা সংকট দেখা দিয়েছে এবং দলীয় কার্যক্রমে প্রভাব পড়ছে। স্থানীয় নেতারা বলছেন, কেন্দ্রীয় নেতৃত্বের সিদ্ধান্তে অসন্তোষ থেকেই এমন পরিস্থিতি তৈরি হয়েছে। দলের শীর্ষ নেতারা বিষয়টি সমাধানে বৈঠক করছেন এবং তৃণমূলের সঙ্গে আলোচনা চালিয়ে যাচ্ছেন। নির্বাচনকে সামনে রেখে দলের নেতাকর্মীরা একে একে সরে যাচ্ছেন বলে জানা গেছে। মাঠ পর্যায়ের সংগঠনে নানা সংকট দেখা দিয়েছে এবং দলীয় কার্যক্রমে প্রভাব পড়ছে। স্থানীয় নেতারা বলছেন, কেন্দ্রীয় নেতৃত্বের সিদ্ধান্তে অসন্তোষ থেকেই এমন পরিস্থিতি তৈরি হয়েছে। দলের শীর্ষ নেতারা বিষয়টি সমাধানে বৈঠক করছেন এবং তৃণমূলের সঙ্গে আলোচনা চালিয়ে যাচ্ছেন। নির্বাচনকে সামনে রেখে দলের নেতাকর্মীরা একে একে সরে যাচ্ছেন বলে জানা গেছে। মাঠ পর্যায়ের সংগঠনে নানা সংকট দেখা দিয়েছে এবং দলীয় কার্যক্রমে প্রভাব পড়ছে। স্থানীয় নেতারা বলছেন, কেন্দ্রীয় নেতৃত্বের সিদ্ধান্তে অসন্তোষ থেকেই এমন পরিস্থিতি তৈরি হয়েছে। দলের শীর্ষ নেতারা বিষয়টি সমাধানে বৈঠক করছেন এবং তৃণমূলের সঙ্গে আলোচনা চালিয়ে যাচ্ছেন। নির্বাচনকে সামনে রেখে দলের নেতাকর্মীরা একে একে সরে যাচ্ছেন বলে জানা গেছে। মাঠ পর্যায়ের সংগঠনে নানা সংকট দেখা দিয়েছে এবং দলীয় কার্যক্রমে প্রভাব পড়ছে। স্থানীয় নেতারা বলছেন, কেন্দ্রীয় নেতৃত্বের সিদ্ধান্তে অসন্তোষ থেকেই এমন পরিস্থিতি তৈরি হয়েছে। দলের শীর্ষ নেতারা বিষয়টি সমাধানে বৈঠক করছেন এবং তৃণমূলের সঙ্গে আলোচনা চালিয়ে যাচ্ছেন। নির্বাচনকে সামনে রেখে দলের নেতাকর্মীরা একে একে সরে যাচ্ছেন বলে জানা গেছে। মাঠ পর্যায়ের সংগঠনে নানা সংকট দেখা দিয়েছে এবং দলীয় কার্যক্রমে প্রভাব পড়ছে। স্থানীয় নেতারা বলছেন, কেন্দ্রীয় নেতৃত্বের সিদ্ধান্তে অসন্তোষ থেকেই এমন পরিস্থিতি তৈরি হয়েছে। দলের শীর্ষ নেতারা বিষয়টি সমাধানে বৈঠক করছেন এবং তৃণমূলের সঙ্গে আলোচনা চালিয়ে যাচ্ছেন। নির্বাচনকে সামনে রেখে দলের নেতাকর্মীরা একে একে সরে যাচ্ছেন বলে জানা গেছে। মাঠ পর্যায়ের সংগঠনে নানা সংকট দেখা দিয়েছে এবং দলীয় কার্যক্রমে প্রভাব পড়ছে। স্থানীয় নেতারা বলছেন, কেন্দ্রীয় নেতৃত্বের সিদ্ধান্তে অসন্তোষ থেকেই এমন পরিস্থিতি তৈরি হয়েছে। দলের শীর্ষ নেতারা বিষয়টি সমাধানে বৈঠক করছেন এবং তৃণমূলের সঙ্গে আলোচনা চালিয়ে যাচ্ছেন।
শহীদ হাদি হত্যার বিচার দাবিতে বিক্ষোভ সমাবেশ অনুষ্ঠিত হয়েছে। সমাবেশে বক্তারা দ্রুত বিচার নিশ্চিত করার দাবি জানান এবং হত্যাকাণ্ডে জড়িতদের আইনের আওতায় আনার আহ্বান জানান। শিক্ষার্থী ও সাধারণ মানুষ এতে অংশ নেন। বক্তারা বলেন, বিচার না হওয়া পর্যন্ত তাদের আন্দোলন চলবে। শহীদ হাদি হত্যার বিচার দাবিতে বিক্ষোভ সমাবেশ অনুষ্ঠিত হয়েছে। সমাবেশে বক্তারা দ্রুত বিচার নিশ্চিত করার দাবি জানান এবং হত্যাকাণ্ডে জড়িতদের আইনের আওতায় আনার আহ্বান জানান। শিক্ষার্থী ও সাধারণ মানুষ এতে অংশ নেন। বক্তারা বলেন, বিচার না হওয়া পর্যন্ত তাদের আন্দোলন চলবে। শহীদ হাদি হত্যার বিচার দাবিতে বিক্ষোভ সমাবেশ অনুষ্ঠিত হয়েছে। সমাবেশে বক্তারা দ্রুত বিচার নিশ্চিত করার দাবি জানান এবং হত্যাকাণ্ডে জড়িতদের আইনের আওতায় আনার আহ্বান জানান। শিক্ষার্থী ও সাধারণ মানুষ এতে অংশ নেন। বক্তারা বলেন, বিচার না হওয়া পর্যন্ত তাদের আন্দোলন চলবে। শহীদ হাদি হত্যার বিচার দাবিতে বিক্ষোভ সমাবেশ অনুষ্ঠিত হয়েছে। সমাবেশে বক্তারা দ্রুত বিচার নিশ্চিত করার দাবি জানান এবং হত্যাকাণ্ডে জড়িতদের আইনের আওতায় আনার আহ্বান জানান। শিক্ষার্থী ও সাধারণ মানুষ এতে অংশ নেন। বক্তারা বলেন, বিচার না হওয়া পর্যন্ত তাদের আন্দোলন চলবে।
শহীদ হাদি হত্যার বিচার দাবিতে
শহীদ হাদি হত্যার বিচার দাবিতে বিক্ষোভ সমাবেশ অনুষ্ঠিত হয়েছে। সমাবেশে বক্তারা দ্রুত বিচার নিশ্চিত করার দাবি জানান এবং হত্যাকাণ্ডে জড়িতদের আইনের আওতায় আনার আহ্বান জানান। শিক্ষার্থী ও সাধারণ মানুষ এতে অংশ নেন। বক্তারা বলেন, বিচার না হওয়া পর্যন্ত তাদের আন্দোলন চলবে। শহীদ হাদি হত্যার বিচার দাবিতে বিক্ষোভ সমাবেশ অনুষ্ঠিত হয়েছে। সমাবেশে বক্তারা দ্রুত বিচার নিশ্চিত করার দাবি জানান এবং হত্যাকাণ্ডে জড়িতদের আইনের আওতায় আনার আহ্বান জানান। শিক্ষার্থী ও সাধারণ মানুষ এতে অংশ নেন। বক্তারা বলেন, বিচার না হওয়া পর্যন্ত তাদের আন্দোলন চলবে। শহীদ হাদি হত্যার বিচার দাবিতে বিক্ষোভ সমাবেশ অনুষ্ঠিত হয়েছে। সমাবেশে বক্তারা দ্রুত বিচার নিশ্চিত করার দাবি জানান এবং হত্যাকাণ্ডে জড়িতদের আইনের আওতায় আনার আহ্বান জানান। শিক্ষার্থী ও সাধারণ মানুষ এতে অংশ নেন। বক্তারা বলেন, বিচার না হওয়া পর্যন্ত তাদের আন্দোলন চলবে। শহীদ হাদি হত্যার বিচার দাবিতে বিক্ষোভ সমাবেশ অনুষ্ঠিত হয়েছে। সমাবেশে বক্তারা দ্রুত বিচার নিশ্চিত করার দাবি জানান এবং হত্যাকাণ্ডে জড়িতদের আইনের আওতায় আনার আহ্বান জানান। শিক্ষার্থী ও সাধারণ মানুষ এতে অংশ নেন। বক্তারা বলেন, বিচার না হওয়া পর্যন্ত তাদের আন্দোলন চলবে। শহীদ হাদি হত্যার বিচার দাবিতে বিক্ষোভ সমাবেশ অনুষ্ঠিত হয়েছে। সমাবেশে বক্তারা দ্রুত বিচার নিশ্চিত করার দাবি জানান এবং হত্যাকাণ্ডে জড়িতদের আইনের আওতায় আনার আহ্বান জানান। শিক্ষার্থী ও সাধারণ মানুষ এতে অংশ নেন। বক্তারা বলেন, বিচার না হওয়া পর্যন্ত তাদের আন্দোলন চলবে। শহীদ হাদি হত্যার বিচার দাবিতে বিক্ষোভ সমাবেশ অনুষ্ঠিত হয়েছে। সমাবেশে বক্তারা দ্রুত বিচার নিশ্চিত করার দাবি জানান এবং হত্যাকাণ্ডে জড়িতদের আইনের আওতায় আনার আহ্বান জানান। শিক্ষার্থী ও সাধারণ মানুষ এতে অংশ নেন। বক্তারা বলেন, বিচার না হওয়া পর্যন্ত তাদের আন্দোলন চলবে। শহীদ হাদি হত্যার বিচার দাবিতে বিক্ষোভ সমাবেশ অনুষ্ঠিত হয়েছে। সমাবেশে বক্তারা দ্রুত বিচার নিশ্চিত করার দাবি জানান এবং হত্যাকাণ্ডে জড়িতদের আইনের আওতায় আনার আহ্বান জানান। শিক্ষার্থী ও সাধারণ মানুষ এতে অংশ নেন। বক্তারা বলেন, বিচার না হওয়া পর্যন্ত তাদের আন্দোলন চলবে। শহীদ হাদি হত্যার বিচার দাবিতে বিক্ষোভ সমাবেশ অনুষ্ঠিত হয়েছে। সমাবেশে বক্তারা দ্রুত বিচার নিশ্চিত করার দাবি জানান এবং হত্যাকাণ্ডে জড়িতদের আইনের আওতায় আনার আহ্বান জানান। শিক্ষার্থী ও সাধারণ মানুষ এতে অংশ নেন। বক্তারা বলেন, বিচার না হওয়া পর্যন্ত তাদের আন্দোলন চলবে। শহীদ হাদি হত্যার বিচার দাবিতে বিক্ষোভ সমাবেশ অনুষ্ঠিত হয়েছে। সমাবেশে বক্তারা দ্রুত বিচার নিশ্চিত করার দাবি জানান এবং হত্যাকাণ্ডে জড়িতদের আইনের আওতায় আনার আহ্বান জানান। শিক্ষার্থী ও সাধারণ মানুষ এতে অংশ নেন। বক্তারা বলেন, বিচার না হওয়া পর্যন্ত তাদের আন্দোলন চলবে।
ঢাকা-১৫ আসনে মনোনয়নপত্র জমা
ঢাকা-১৫ আসনে প্রার্থীরা রিটার্নিং কর্মকর্তার কার্যালয়ে মনোনয়নপত্র জমা দিয়েছেন। মনোনয়নপত্র জমাদানকালে প্রার্থীদের সঙ্গে নেতাকর্মীরা উপস্থিত ছিলেন। প্রার্থীরা সুষ্ঠু নির্বাচনের প্রত্যাশা ব্যক্ত করেন এবং ভোটারদের সমর্থন কামনা করেন। ঢাকা-১৫ আসনে প্রার্থীরা রিটার্নিং কর্মকর্তার কার্যালয়ে মনোনয়নপত্র জমা দিয়েছেন। মনোনয়নপত্র জমাদানকালে প্রার্থীদের সঙ্গে নেতাকর্মীরা উপস্থিত ছিলেন। প্রার্থীরা সুষ্ঠু নির্বাচনের প্রত্যাশা ব্যক্ত করেন এবং ভোটারদের সমর্থন কামনা করেন। ঢাকা-১৫ আসনে প্রার্থীরা রিটার্নিং কর্মকর্তার কার্যালয়ে মনোনয়নপত্র জমা দিয়েছেন। মনোনয়নপত্র জমাদানকালে প্রার্থীদের সঙ্গে নেতাকর্মীরা উপস্থিত ছিলেন। প্রার্থীরা সুষ্ঠু নির্বাচনের প্রত্যাশা ব্যক্ত করেন এবং ভোটারদের সমর্থন কামনা করেন। ঢাকা-১৫ আসনে প্রার্থীরা রিটার্নিং কর্মকর্তার কার্যালয়ে মনোনয়নপত্র জমা দিয়েছেন। মনোনয়নপত্র জমাদানকালে প্রার্থীদের সঙ্গে নেতাকর্মীরা উপস্থিত ছিলেন। প্রার্থীরা সুষ্ঠু নির্বাচনের প্রত্যাশা ব্যক্ত করেন এবং ভোটারদের সমর্থন কামনা করেন। ঢাকা-১৫ আসনে প্রার্থীরা রিটার্নিং কর্মকর্তার কার্যালয়ে মনোনয়নপত্র জমা দিয়েছেন। মনোনয়নপত্র জমাদানকালে প্রার্থীদের সঙ্গে নেতাকর্মীরা উপস্থিত ছিলেন। প্রার্থীরা সুষ্ঠু নির্বাচনের প্রত্যাশা ব্যক্ত করেন এবং ভোটারদের সমর্থন কামনা করেন। ঢাকা-১৫ আসনে প্রার্থীরা রিটার্নিং কর্মকর্তার কার্যালয়ে মনোনয়নপত্র জমা দিয়েছেন। মনোনয়নপত্র জমাদানকালে প্রার্থীদের সঙ্গে নেতাকর্মীরা উপস্থিত ছিলেন। প্রার্থীরা সুষ্ঠু নির্বাচনের প্রত্যাশা ব্যক্ত করেন এবং ভোটারদের সমর্থন কামনা করেন। ঢাকা-১৫ আসনে প্রার্থীরা রিটার্নিং কর্মকর্তার কার্যালয়ে মনোনয়নপত্র জমা দিয়েছেন। মনোনয়নপত্র জমাদানকালে প্রার্থীদের সঙ্গে নেতাকর্মীরা উপস্থিত ছিলেন। প্রার্থীরা সুষ্ঠু নির্বাচনের প্রত্যাশা ব্যক্ত করেন এবং ভোটারদের সমর্থন কামনা করেন। ঢাকা-১৫ আসনে প্রার্থীরা রিটার্নিং কর্মকর্তার কার্যালয়ে মনোনয়নপত্র জমা দিয়েছেন। মনোনয়নপত্র জমাদানকালে প্রার্থীদের সঙ্গে নেতাকর্মীরা উপস্থিত ছিলেন। প্রার্থীরা সুষ্ঠু নির্বাচনের প্রত্যাশা ব্যক্ত করেন এবং ভোটারদের সমর্থন কামনা করেন।
আত্মবিশ্বাসের শক্তি 'সীমাহীনভাবে'
আত্মবিশ্বাস মানুষের জীবনে সীমাহীন শক্তি যোগায়। প্রতিকূল পরিস্থিতিতেও আত্মবিশ্বাসী মানুষ লক্ষ্যে অবিচল থাকে এবং সাফল্য অর্জন করে। বিশেষজ্ঞরা বলছেন, নিয়মিত চর্চার মাধ্যমে আত্মবিশ্বাস বাড়ানো সম্ভব। আত্মবিশ্বাস মানুষের জীবনে সীমাহীন শক্তি যোগায়। প্রতিকূল পরিস্থিতিতেও আত্মবিশ্বাসী মানুষ লক্ষ্যে অবিচল থাকে এবং সাফল্য অর্জন করে। বিশেষজ্ঞরা বলছেন, নিয়মিত চর্চার মাধ্যমে আত্মবিশ্বাস বাড়ানো সম্ভব। আত্মবিশ্বাস মানুষের জীবনে সীমাহীন শক্তি যোগায়। প্রতিকূল পরিস্থিতিতেও আত্মবিশ্বাসী মানুষ লক্ষ্যে অবিচল থাকে এবং সাফল্য অর্জন করে। বিশেষজ্ঞরা বলছেন, নিয়মিত চর্চার মাধ্যমে আত্মবিশ্বাস বাড়ানো সম্ভব। আত্মবিশ্বাস মানুষের জীবনে সীমাহীন শক্তি যোগায়। প্রতিকূল পরিস্থিতিতেও আত্মবিশ্বাসী মানুষ লক্ষ্যে অবিচল থাকে এবং সাফল্য অর্জন করে। বিশেষজ্ঞরা বলছেন, নিয়মিত চর্চার মাধ্যমে আত্মবিশ্বাস বাড়ানো সম্ভব। আত্মবিশ্বাস মানুষের জীবনে সীমাহীন শক্তি যোগায়। প্রতিকূল পরিস্থিতিতেও আত্মবিশ্বাসী মানুষ লক্ষ্যে অবিচল থাকে এবং সাফল্য অর্জন করে। বিশেষজ্ঞরা বলছেন, নিয়মিত চর্চার মাধ্যমে আত্মবিশ্বাস বাড়ানো সম্ভব। আত্মবিশ্বাস মানুষের জীবনে সীমাহীন শক্তি যোগায়। প্রতিকূল পরিস্থিতিতেও আত্মবিশ্বাসী মানুষ লক্ষ্যে অবিচল থাকে এবং সাফল্য অর্জন করে। বিশেষজ্ঞরা বলছেন, নিয়মিত চর্চার মাধ্যমে আত্মবিশ্বাস বাড়ানো সম্ভব।
মাধ্যমিকে ৩ কোটি ৮৯ লাখ
মাধ্যমিক পর্যায়ে শিক্ষার্থীদের জন্য নতুন বছরের পাঠ্যবই বিতরণের প্রস্তুতি চলছে। শিক্ষা মন্ত্রণালয় জানিয়েছে বই ছাপার কাজ প্রায় শেষ পর্যায়ে রয়েছে এবং বছরের শুরুতেই শিক্ষার্থীদের হাতে বই পৌঁছে দেওয়া হবে। মুদ্রণ প্রতিষ্ঠানগুলোকে নির্ধারিত সময়ের মধ্যে কাজ শেষ করার নির্দেশ দেওয়া হয়েছে। মাধ্যমিক পর্যায়ে শিক্ষার্থীদের জন্য নতুন বছরের পাঠ্যবই বিতরণের প্রস্তুতি চলছে। শিক্ষা মন্ত্রণালয় জানিয়েছে বই ছাপার কাজ প্রায় শেষ পর্যায়ে রয়েছে এবং বছরের শুরুতেই শিক্ষার্থীদের হাতে বই পৌঁছে দেওয়া হবে। মুদ্রণ প্রতিষ্ঠানগুলোকে নির্ধারিত সময়ের মধ্যে কাজ শেষ করার নির্দেশ দেওয়া হয়েছে। মাধ্যমিক পর্যায়ে শিক্ষার্থীদের জন্য নতুন বছরের পাঠ্যবই বিতরণের প্রস্তুতি চলছে। শিক্ষা মন্ত্রণালয় জানিয়েছে বই ছাপার কাজ প্রায় শেষ পর্যায়ে রয়েছে এবং বছরের শুরুতেই শিক্ষার্থীদের হাতে বই পৌঁছে দেওয়া হবে। মুদ্রণ প্রতিষ্ঠানগুলোকে নির্ধারিত সময়ের মধ্যে কাজ শেষ করার নির্দেশ দেওয়া হয়েছে। মাধ্যমিক পর্যায়ে শিক্ষার্থীদের জন্য নতুন বছরের পাঠ্যবই বিতরণের প্রস্তুতি চলছে। শিক্ষা মন্ত্রণালয় জানিয়েছে বই ছাপার কাজ প্রায় শেষ পর্যায়ে রয়েছে এবং বছরের শুরুতেই শিক্ষার্থীদের হাতে বই পৌঁছে দেওয়া হবে। মুদ্রণ প্রতিষ্ঠানগুলোকে নির্ধারিত সময়ের মধ্যে কাজ শেষ করার নির্দেশ দেওয়া হয়েছে। মাধ্যমিক পর্যায়ে শিক্ষার্থীদের জন্য নতুন বছরের পাঠ্যবই বিতরণের প্রস্তুতি চলছে। শিক্ষা মন্ত্রণালয় জানিয়েছে বই ছাপার কাজ প্রায় শেষ পর্যায়ে রয়েছে এবং বছরের শুরুতেই শিক্ষার্থীদের হাতে বই পৌঁছে দেওয়া হবে। মুদ্রণ প্রতিষ্ঠানগুলোকে নির্ধারিত সময়ের মধ্যে কাজ শেষ করার নির্দেশ দেওয়া হয়েছে। মাধ্যমিক পর্যায়ে শিক্ষার্থীদের জন্য নতুন বছরের পাঠ্যবই বিতরণের প্রস্তুতি চলছে। শিক্ষা মন্ত্রণালয় জানিয়েছে বই ছাপার কাজ প্রায় শেষ পর্যায়ে রয়েছে এবং বছরের শুরুতেই শিক্ষার্থীদের হাতে বই পৌঁছে দেওয়া হবে। মুদ্রণ প্রতিষ্ঠানগুলোকে নির্ধারিত সময়ের মধ্যে কাজ শেষ করার নির্দেশ দেওয়া হয়েছে। মাধ্যমিক পর্যায়ে শিক্ষার্থীদের জন্য নতুন বছরের পাঠ্যবই বিতরণের প্রস্তুতি চলছে। শিক্ষা মন্ত্রণালয় জানিয়েছে বই ছাপার কাজ প্রায় শেষ পর্যায়ে রয়েছে এবং বছরের শুরুতেই শিক্ষার্থীদের হাতে বই পৌঁছে দেওয়া হবে। মুদ্রণ প্রতিষ্ঠানগুলোকে নির্ধারিত সময়ের মধ্যে কাজ শেষ করার নির্দেশ দেওয়া হয়েছে। মাধ্যমিক পর্যায়ে শিক্ষার্থীদের জন্য নতুন বছরের পাঠ্যবই বিতরণের প্রস্তুতি চলছে। শিক্ষা মন্ত্রণালয় জানিয়েছে বই ছাপার কাজ প্রায় শেষ পর্যায়ে রয়েছে এবং বছরের শুরুতেই শিক্ষার্থীদের হাতে বই পৌঁছে দেওয়া হবে। মুদ্রণ প্রতিষ্ঠানগুলোকে নির্ধারিত সময়ের মধ্যে কাজ শেষ করার নির্দেশ দেওয়া হয়েছে। মাধ্যমিক পর্যায়ে শিক্ষার্থীদের জন্য নতুন বছরের পাঠ্যবই বিতরণের প্রস্তুতি চলছে। শিক্ষা মন্ত্রণালয় জানিয়েছে বই ছাপার কাজ প্রায় শেষ পর্যায়ে রয়েছে এবং বছরের শুরুতেই শিক্ষার্থীদের হাতে বই পৌঁছে দেওয়া হবে। মুদ্রণ প্রতিষ্ঠানগুলোকে নির্ধারিত সময়ের মধ্যে কাজ শেষ করার নির্দেশ দেওয়া হয়েছে। মাধ্যমিক পর্যায়ে শিক্ষার্থীদের জন্য নতুন বছরের পাঠ্যবই বিতরণের প্রস্তুতি চলছে। শিক্ষা মন্ত্রণালয় জানিয়েছে বই ছাপার কাজ প্রায় শেষ পর্যায়ে রয়েছে এবং বছরের শুরুতেই শিক্ষার্থীদের হাতে বই পৌঁছে দেওয়া হবে। মুদ্রণ প্রতিষ্ঠানগুলোকে নির্ধারিত সময়ের মধ্যে কাজ শেষ করার নির্দেশ দেওয়া হয়েছে। মাধ্যমিক পর্যায়ে শিক্ষার্থীদের জন্য নতুন বছরের পাঠ্যবই বিতরণের প্রস্তুতি চলছে। শিক্ষা মন্ত্রণালয় জানিয়েছে বই ছাপার কাজ প্রায় শেষ পর্যায়ে রয়েছে এবং বছরের শুরুতেই শিক্ষার্থীদের হাতে বই পৌঁছে দেওয়া হবে। মুদ্রণ প্রতিষ্ঠানগুলোকে নির্ধারিত সময়ের মধ্যে কাজ শেষ করার নির্দেশ দেওয়া হয়েছে। মাধ্যমিক পর্যায়ে শিক্ষার্থীদের জন্য নতুন বছরের পাঠ্যবই বিতরণের প্রস্তুতি চলছে। শিক্ষা মন্ত্রণালয় জানিয়েছে বই ছাপার কাজ প্রায় শেষ পর্যায়ে রয়েছে এবং বছরের শুরুতেই শিক্ষার্থীদের হাতে বই পৌঁছে দেওয়া হবে। মুদ্রণ প্রতিষ্ঠানগুলোকে নির্ধারিত সময়ের মধ্যে কাজ শেষ করার নির্দেশ দেওয়া হয়েছে। মাধ্যমিক পর্যায়ে শিক্ষার্থীদের জন্য নতুন বছরের পাঠ্যবই বিতরণের প্রস্তুতি চলছে। শিক্ষা মন্ত্রণালয় জানিয়েছে বই ছাপার কাজ প্রায় শেষ পর্যায়ে রয়েছে এবং বছরের শুরুতেই শিক্ষার্থীদের হাতে বই পৌঁছে দেওয়া হবে। মুদ্রণ প্রতিষ্ঠানগুলোকে নির্ধারিত সময়ের মধ্যে কাজ শেষ করার নির্দেশ দেওয়া হয়েছে। মাধ্যমিক পর্যায়ে শিক্ষার্থীদের জন্য নতুন বছরের পাঠ্যবই বিতরণের প্রস্তুতি চলছে। শিক্ষা মন্ত্রণালয় জানিয়েছে বই ছাপার কাজ প্রায় শেষ পর্যায়ে রয়েছে এবং বছরের শুরুতেই শিক্ষার্থীদের হাতে বই পৌঁছে দেওয়া হবে। মুদ্রণ প্রতিষ্ঠানগুলোকে নির্ধারিত সময়ের মধ্যে কাজ শেষ করার নির্দেশ দেওয়া হয়েছে। মাধ্যমিক পর্যায়ে শিক্ষার্থীদের জন্য নতুন বছরের পাঠ্যবই বিতরণের প্রস্তুতি চলছে। শিক্ষা মন্ত্রণালয় জানিয়েছে বই ছাপার কাজ প্রায় শেষ পর্যায়ে রয়েছে এবং বছরের শুরুতেই শিক্ষার্থীদের হাতে বই পৌঁছে দেওয়া হবে। মুদ্রণ প্রতিষ্ঠানগুলোকে নির্ধারিত সময়ের মধ্যে কাজ শেষ করার নির্দেশ দেওয়া হয়েছে। মাধ্যমিক পর্যায়ে শিক্ষার্থীদের জন্য নতুন বছরের পাঠ্যবই বিতরণের প্রস্তুতি চলছে। শিক্ষা মন্ত্রণালয় জানিয়েছে বই ছাপার কাজ প্রায় শেষ পর্যায়ে রয়েছে এবং বছরের শুরুতেই শিক্ষার্থীদের হাতে বই পৌঁছে দেওয়া হবে। মুদ্রণ প্রতিষ্ঠানগুলোকে নির্ধারিত সময়ের মধ্যে কাজ শেষ করার নির্দেশ দেওয়া হয়েছে। মাধ্যমিক পর্যায়ে শিক্ষার্থীদের জন্য নতুন বছরের পাঠ্যবই বিতরণের প্রস্তুতি চলছে। শিক্ষা মন্ত্রণালয় জানিয়েছে বই ছাপার কাজ প্রায় শেষ পর্যায়ে রয়েছে এবং বছরের শুরুতেই শিক্ষার্থীদের হাতে বই পৌঁছে দেওয়া হবে। মুদ্রণ প্রতিষ্ঠানগুলোকে নির্ধারিত সময়ের মধ্যে কাজ শেষ করার নির্দেশ দেওয়া হয়েছে। মাধ্যমিক পর্যায়ে শিক্ষার্থীদের জন্য নতুন বছরের পাঠ্যবই বিতরণের প্রস্তুতি চলছে। শিক্ষা মন্ত্রণালয় জানিয়েছে বই ছাপার কাজ প্রায় শেষ পর্যায়ে রয়েছে এবং বছরের শুরুতেই শিক্ষার্থীদের হাতে বই পৌঁছে দেওয়া হবে। মুদ্রণ প্রতিষ্ঠানগুলোকে নির্ধারিত সময়ের মধ্যে কাজ শেষ করার নির্দেশ দেওয়া হয়েছে। মাধ্যমিক পর্যায়ে শিক্ষার্থীদের জন্য নতুন বছরের পাঠ্যবই বিতরণের প্রস্তুতি চলছে। শিক্ষা মন্ত্রণালয় জানিয়েছে বই ছাপার কাজ প্রায় শেষ পর্যায়ে রয়েছে এবং বছরের শুরুতেই শিক্ষার্থীদের হাতে বই পৌঁছে দেওয়া হবে। মুদ্রণ প্রতিষ্ঠানগুলোকে নির্ধারিত সময়ের মধ্যে কাজ শেষ করার নির্দেশ দেওয়া হয়েছে। মাধ্যমিক পর্যায়ে শিক্ষার্থীদের জন্য নতুন বছরের পাঠ্যবই বিতরণের প্রস্তুতি চলছে। শিক্ষা মন্ত্রণালয় জানিয়েছে বই ছাপার কাজ প্রায় শেষ পর্যায়ে রয়েছে এবং বছরের শুরুতেই শিক্ষার্থীদের হাতে বই পৌঁছে দেওয়া হবে। মুদ্রণ প্রতিষ্ঠানগুলোকে নির্ধারিত সময়ের মধ্যে কাজ শেষ করার নির্দেশ দেওয়া হয়েছে। মাধ্যমিক পর্যায়ে শিক্ষার্থীদের জন্য নতুন বছরের পাঠ্যবই বিতরণের প্রস্তুতি চলছে। শিক্ষা মন্ত্রণালয় জানিয়েছে বই ছাপার কাজ প্রায় শেষ পর্যায়ে রয়েছে এবং বছরের শুরুতেই শিক্ষার্থীদের হাতে বই পৌঁছে দেওয়া হবে। মুদ্রণ প্রতিষ্ঠানগুলোকে নির্ধারিত সময়ের মধ্যে কাজ শেষ করার নির্দেশ দেওয়া হয়েছে। মাধ্যমিক পর্যায়ে শিক্ষার্থীদের জন্য নতুন বছরের পাঠ্যবই বিতরণের প্রস্তুতি চলছে। শিক্ষা মন্ত্রণালয় জানিয়েছে বই ছাপার কাজ প্রায় শেষ পর্যায়ে রয়েছে এবং বছরের শুরুতেই শিক্ষার্থীদের হাতে বই পৌঁছে দেওয়া হবে। মুদ্রণ প্রতিষ্ঠানগুলোকে নির্ধারিত সময়ের মধ্যে কাজ শেষ করার নির্দেশ দেওয়া হয়েছে। মাধ্যমিক পর্যায়ে শিক্ষার্থীদের জন্য নতুন বছরের পাঠ্যবই বিতরণের প্রস্তুতি চলছে। শিক্ষা মন্ত্রণালয় জানিয়েছে বই ছাপার কাজ প্রায় শেষ পর্যায়ে রয়েছে এবং বছরের শুরুতেই শিক্ষার্থীদের হাতে বই পৌঁছে দেওয়া হবে। মুদ্রণ প্রতিষ্ঠানগুলোকে নির্ধারিত সময়ের মধ্যে কাজ শেষ করার নির্দেশ দেওয়া হয়েছে। মাধ্যমিক পর্যায়ে শিক্ষার্থীদের জন্য নতুন বছরের পাঠ্যবই বিতরণের প্রস্তুতি চলছে। শিক্ষা মন্ত্রণালয় জানিয়েছে বই ছাপার কাজ প্রায় শেষ পর্যায়ে রয়েছে এবং বছরের শুরুতেই শিক্ষার্থীদের হাতে বই পৌঁছে দেওয়া হবে। মুদ্রণ প্রতিষ্ঠানগুলোকে নির্ধারিত সময়ের মধ্যে কাজ শেষ করার নির্দেশ দেওয়া হয়েছে। মাধ্যমিক পর্যায়ে শিক্ষার্থীদের জন্য নতুন বছরের পাঠ্যবই বিতরণের প্রস্তুতি চলছে। শিক্ষা মন্ত্রণালয় জানিয়েছে বই ছাপার কাজ প্রায় শেষ পর্যায়ে রয়েছে এবং বছরের শুরুতেই শিক্ষার্থীদের হাতে বই পৌঁছে দেওয়া হবে। মুদ্রণ প্রতিষ্ঠানগুলোকে নির্ধারিত সময়ের মধ্যে কাজ শেষ করার নির্দেশ দেওয়া হয়েছে। মাধ্যমিক পর্যায়ে শিক্ষার্থীদের জন্য নতুন বছরের পাঠ্যবই বিতরণের প্রস্তুতি চলছে। শিক্ষা মন্ত্রণালয় জানিয়েছে বই ছাপার কাজ প্রায় শেষ পর্যায়ে রয়েছে এবং বছরের শুরুতেই শিক্ষার্থীদের হাতে বই পৌঁছে দেওয়া হবে। মুদ্রণ প্রতিষ্ঠানগুলোকে নির্ধারিত সময়ের মধ্যে কাজ শেষ করার নির্দেশ দেওয়া হয়েছে। মাধ্যমিক পর্যায়ে শিক্ষার্থীদের জন্য নতুন বছরের পাঠ্যবই বিতরণের প্রস্তুতি চলছে। শিক্ষা মন্ত্রণালয় জানিয়েছে বই ছাপার কাজ প্রায় শেষ পর্যায়ে রয়েছে এবং বছরের শুরুতেই শিক্ষার্থীদের হাতে বই পৌঁছে দেওয়া হবে। মুদ্রণ প্রতিষ্ঠানগুলোকে নির্ধারিত সময়ের মধ্যে কাজ শেষ করার নির্দেশ দেওয়া হয়েছে। মাধ্যমিক পর্যায়ে শিক্ষার্থীদের জন্য নতুন বছরের পাঠ্যবই বিতরণের প্রস্তুতি চলছে। শিক্ষা মন্ত্রণালয় জানিয়েছে বই ছাপার কাজ প্রায় শেষ পর্যায়ে রয়েছে এবং বছরের শুরুতেই শিক্ষার্থীদের হাতে বই পৌঁছে দেওয়া হবে। মুদ্রণ প্রতিষ্ঠানগুলোকে নির্ধারিত সময়ের মধ্যে কাজ শেষ করার নির্দেশ দেওয়া হয়েছে। মাধ্যমিক পর্যায়ে শিক্ষার্থীদের জন্য নতুন বছরের পাঠ্যবই বিতরণের প্রস্তুতি চলছে। শিক্ষা মন্ত্রণালয় জানিয়েছে বই ছাপার কাজ প্রায় শেষ পর্যায়ে রয়েছে এবং বছরের শুরুতেই শিক্ষার্থীদের হাতে বই পৌঁছে দেওয়া হবে। মুদ্রণ প্রতিষ্ঠানগুলোকে নির্ধারিত সময়ের মধ্যে কাজ শেষ করার নির্দেশ দেওয়া হয়েছে। মাধ্যমিক পর্যায়ে শিক্ষার্থীদের জন্য নতুন বছরের পাঠ্যবই বিতরণের প্রস্তুতি চলছে। শিক্ষা মন্ত্রণালয় জানিয়েছে বই ছাপার কাজ প্রায় শেষ পর্যায়ে রয়েছে এবং বছরের শুরুতেই শিক্ষার্থীদের হাতে বই পৌঁছে দেওয়া হবে। মুদ্রণ প্রতিষ্ঠানগুলোকে নির্ধারিত সময়ের মধ্যে কাজ শেষ করার নির্দেশ দেওয়া হয়েছে। মাধ্যমিক পর্যায়ে শিক্ষার্থীদের জন্য নতুন বছরের পাঠ্যবই বিতরণের প্রস্তুতি চলছে। শিক্ষা মন্ত্রণালয় জানিয়েছে বই ছাপার কাজ প্রায় শেষ পর্যায়ে রয়েছে এবং বছরের শুরুতেই শিক্ষার্থীদের হাতে বই পৌঁছে দেওয়া হবে। মুদ্রণ প্রতিষ্ঠানগুলোকে নির্ধারিত সময়ের মধ্যে কাজ শেষ করার নির্দেশ দেওয়া হয়েছে। মাধ্যমিক পর্যায়ে শিক্ষার্থীদের জন্য নতুন বছরের পাঠ্যবই বিতরণের প্রস্তুতি চলছে। শিক্ষা মন্ত্রণালয় জানিয়েছে বই ছাপার কাজ প্রায় শেষ পর্যায়ে রয়েছে এবং বছরের শুরুতেই শিক্ষার্থীদের হাতে বই পৌঁছে দেওয়া হবে। মুদ্রণ প্রতিষ্ঠানগুলোকে নির্ধারিত সময়ের মধ্যে কাজ শেষ করার নির্দেশ দেওয়া হয়েছে। মাধ্যমিক পর্যায়ে শিক্ষার্থীদের জন্য নতুন বছরের পাঠ্যবই বিতরণের প্রস্তুতি চলছে। শিক্ষা মন্ত্রণালয় জানিয়েছে বই ছাপার কাজ প্রায় শেষ পর্যায়ে রয়েছে এবং বছরের শুরুতেই শিক্ষার্থীদের হাতে বই পৌঁছে দেওয়া হবে। মুদ্রণ প্রতিষ্ঠানগুলোকে নির্ধারিত সময়ের মধ্যে কাজ শেষ করার নির্দেশ দেওয়া হয়েছে। মাধ্যমিক পর্যায়ে শিক্ষার্থীদের জন্য নতুন বছরের পাঠ্যবই বিতরণের প্রস্তুতি চলছে। শিক্ষা মন্ত্রণালয় জানিয়েছে বই ছাপার কাজ প্রায় শেষ পর্যায়ে রয়েছে এবং বছরের শুরুতেই শিক্ষার্থীদের হাতে বই পৌঁছে দেওয়া হবে। মুদ্রণ প্রতিষ্ঠানগুলোকে নির্ধারিত সময়ের মধ্যে কাজ শেষ করার নির্দেশ দেওয়া হয়েছে। মাধ্যমিক পর্যায়ে শিক্ষার্থীদের জন্য নতুন বছরের পাঠ্যবই বিতরণের প্রস্তুতি চলছে। শিক্ষা মন্ত্রণালয় জানিয়েছে বই ছাপার কাজ প্রায় শেষ পর্যায়ে রয়েছে এবং বছরের শুরুতেই শিক্ষার্থীদের হাতে বই পৌঁছে দেওয়া হবে। মুদ্রণ প্রতিষ্ঠানগুলোকে নির্ধারিত সময়ের মধ্যে কাজ শেষ করার নির্দেশ দেওয়া হয়েছে। মাধ্যমিক পর্যায়ে শিক্ষার্থীদের জন্য নতুন বছরের পাঠ্যবই বিতরণের প্রস্তুতি চলছে। শিক্ষা মন্ত্রণালয় জানিয়েছে বই ছাপার কাজ প্রায় শেষ পর্যায়ে রয়েছে এবং বছরের শুরুতেই শিক্ষার্থীদের হাতে বই পৌঁছে দেওয়া হবে। মুদ্রণ প্রতিষ্ঠানগুলোকে নির্ধারিত সময়ের মধ্যে কাজ শেষ করার নির্দেশ দেওয়া হয়েছে। মাধ্যমিক পর্যায়ে শিক্ষার্থীদের জন্য নতুন বছরের পাঠ্যবই বিতরণের প্রস্তুতি চলছে। শিক্ষা মন্ত্রণালয় জানিয়েছে বই ছাপার কাজ প্রায় শেষ পর্যায়ে রয়েছে এবং বছরের শুরুতেই শিক্ষার্থীদের হাতে বই পৌঁছে দেওয়া হবে। মুদ্রণ প্রতিষ্ঠানগুলোকে নির্ধারিত সময়ের মধ্যে কাজ শেষ করার নির্দেশ দেওয়া হয়েছে। মাধ্যমিক পর্যায়ে শিক্ষার্থীদের জন্য নতুন বছরের পাঠ্যবই বিতরণের প্রস্তুতি চলছে। শিক্ষা মন্ত্রণালয় জানিয়েছে বই ছাপার কাজ প্রায় শেষ পর্যায়ে রয়েছে এবং বছরের শুরুতেই শিক্ষার্থীদের হাতে বই পৌঁছে দেওয়া হবে। মুদ্রণ প্রতিষ্ঠানগুলোকে নির্ধারিত সময়ের মধ্যে কাজ শেষ করার নির্দেশ দেওয়া হয়েছে। মাধ্যমিক পর্যায়ে শিক্ষার্থীদের জন্য নতুন বছরের পাঠ্যবই বিতরণের প্রস্তুতি চলছে। শিক্ষা মন্ত্রণালয় জানিয়েছে বই ছাপার কাজ প্রায় শেষ পর্যায়ে রয়েছে এবং বছরের শুরুতেই শিক্ষার্থীদের হাতে বই পৌঁছে দেওয়া হবে। মুদ্রণ প্রতিষ্ঠানগুলোকে নির্ধারিত সময়ের মধ্যে কাজ শেষ করার নির্দেশ দেওয়া হয়েছে। মাধ্যমিক পর্যায়ে শিক্ষার্থীদের জন্য নতুন বছরের পাঠ্যবই বিতরণের প্রস্তুতি চলছে। শিক্ষা মন্ত্রণালয় জানিয়েছে বই ছাপার কাজ প্রায় শেষ পর্যায়ে রয়েছে এবং বছরের শুরুতেই শিক্ষার্থীদের হাতে বই পৌঁছে দেওয়া হবে। মুদ্রণ প্রতিষ্ঠানগুলোকে নির্ধারিত সময়ের মধ্যে কাজ শেষ করার নির্দেশ দেওয়া হয়েছে।
সাধারণ মানুষের প্রত্যাশা হলো একটি সুষ্ঠু ও নিরপেক্ষ নির্বাচন। ভোটাররা চান নিরাপদ পরিবেশে ভোট দিতে এবং নিজেদের পছন্দের প্রার্থীকে নির্বাচিত করতে। নাগরিক সমাজের প্রতিনিধিরা বলছেন, সব দলের অংশগ্রহণে নির্বাচন হলে জনগণের আস্থা ফিরবে। সাধারণ মানুষের প্রত্যাশা হলো একটি সুষ্ঠু ও নিরপেক্ষ নির্বাচন। ভোটাররা চান নিরাপদ পরিবেশে ভোট দিতে এবং নিজেদের পছন্দের প্রার্থীকে নির্বাচিত করতে। নাগরিক সমাজের প্রতিনিধিরা বলছেন, সব দলের অংশগ্রহণে নির্বাচন হলে জনগণের আস্থা ফিরবে।
মানবাঙ্গানের মানুষের প্রত্যাশা হলো
সাধারণ মানুষের প্রত্যাশা হলো একটি সুষ্ঠু ও নিরপেক্ষ নির্বাচন। ভোটাররা চান নিরাপদ পরিবেশে ভোট দিতে এবং নিজেদের পছন্দের প্রার্থীকে নির্বাচিত করতে। নাগরিক সমাজের প্রতিনিধিরা বলছেন, সব দলের অংশগ্রহণে নির্বাচন হলে জনগণের আস্থা ফিরবে। সাধারণ মানুষের প্রত্যাশা হলো একটি সুষ্ঠু ও নিরপেক্ষ নির্বাচন। ভোটাররা চান নিরাপদ পরিবেশে ভোট দিতে এবং নিজেদের পছন্দের প্রার্থীকে নির্বাচিত করতে। নাগরিক সমাজের প্রতিনিধিরা বলছেন, সব দলের অংশগ্রহণে নির্বাচন হলে জনগণের আস্থা ফিরবে। সাধারণ মানুষের প্রত্যাশা হলো একটি সুষ্ঠু ও নিরপেক্ষ নির্বাচন। ভোটাররা চান নিরাপদ পরিবেশে ভোট দিতে এবং নিজেদের পছন্দের প্রার্থীকে নির্বাচিত করতে। নাগরিক সমাজের প্রতিনিধিরা বলছেন, সব দলের অংশগ্রহণে নির্বাচন হলে জনগণের আস্থা ফিরবে। সাধারণ মানুষের প্রত্যাশা হলো একটি সুষ্ঠু ও নিরপেক্ষ নির্বাচন। ভোটাররা চান নিরাপদ পরিবেশে ভোট দিতে এবং নিজেদের পছন্দের প্রার্থীকে নির্বাচিত করতে। নাগরিক সমাজের প্রতিনিধিরা বলছেন, সব দলের অংশগ্রহণে নির্বাচন হলে জনগণের আস্থা ফিরবে। সাধারণ মানুষের প্রত্যাশা হলো একটি সুষ্ঠু ও নিরপেক্ষ নির্বাচন। ভোটাররা চান নিরাপদ পরিবেশে ভোট দিতে এবং নিজেদের পছন্দের প্রার্থীকে নির্বাচিত করতে। নাগরিক সমাজের প্রতিনিধিরা বলছেন, সব দলের অংশগ্রহণে নির্বাচন হলে জনগণের আস্থা ফিরবে। সাধারণ মানুষের প্রত্যাশা হলো একটি সুষ্ঠু ও নিরপেক্ষ নির্বাচন। ভোটাররা চান নিরাপদ পরিবেশে ভোট দিতে এবং নিজেদের পছন্দের প্রার্থীকে নির্বাচিত করতে। নাগরিক সমাজের প্রতিনিধিরা বলছেন, সব দলের অংশগ্রহণে নির্বাচন হলে জনগণের আস্থা ফিরবে। সাধারণ মানুষের প্রত্যাশা হলো একটি সুষ্ঠু ও নিরপেক্ষ নির্বাচন। ভোটাররা চান নিরাপদ পরিবেশে ভোট দিতে এবং নিজেদের পছন্দের প্রার্থীকে নির্বাচিত করতে। নাগরিক সমাজের প্রতিনিধিরা বলছেন, সব দলের অংশগ্রহণে নির্বাচন হলে জনগণের আস্থা ফিরবে।
নির্বাচনে লেভেল প্লেয়িং ফিল্ড নেই
নির্বাচনে সব দলের জন্য সমান সুযোগ বা লেভেল প্লেয়িং ফিল্ড নেই বলে অভিযোগ করেছেন বিরোধী নেতারা। তারা বলেন, প্রশাসন একপক্ষের প্রতি পক্ষপাতমূলক আচরণ করছে। নির্বাচন কমিশনের প্রতি নিরপেক্ষ ভূমিকা পালনের আহ্বান জানানো হয়েছে। নির্বাচনে সব দলের জন্য সমান সুযোগ বা লেভেল প্লেয়িং ফিল্ড নেই বলে অভিযোগ করেছেন বিরোধী নেতারা। তারা বলেন, প্রশাসন একপক্ষের প্রতি পক্ষপাতমূলক আচরণ করছে। নির্বাচন কমিশনের প্রতি নিরপেক্ষ ভূমিকা পালনের আহ্বান জানানো হয়েছে। নির্বাচনে সব দলের জন্য সমান সুযোগ বা লেভেল প্লেয়িং ফিল্ড নেই বলে অভিযোগ করেছেন বিরোধী নেতারা। তারা বলেন, প্রশাসন একপক্ষের প্রতি পক্ষপাতমূলক আচরণ করছে। নির্বাচন কমিশনের প্রতি নিরপেক্ষ ভূমিকা পালনের আহ্বান জানানো হয়েছে। নির্বাচনে সব দলের জন্য সমান সুযোগ বা লেভেল প্লেয়িং ফিল্ড নেই বলে অভিযোগ করেছেন বিরোধী নেতারা। তারা বলেন, প্রশাসন একপক্ষের প্রতি পক্ষপাতমূলক আচরণ করছে। নির্বাচন কমিশনের প্রতি নিরপেক্ষ ভূমিকা পালনের আহ্বান জানানো হয়েছে। নির্বাচনে সব দলের জন্য সমান সুযোগ বা লেভেল প্লেয়িং ফিল্ড নেই বলে অভিযোগ করেছেন বিরোধী নেতারা। তারা বলেন, প্রশাসন একপক্ষের প্রতি পক্ষপাতমূলক আচরণ করছে। নির্বাচন কমিশনের প্রতি নিরপেক্ষ ভূমিকা পালনের আহ্বান জানানো হয়েছে।
৫ জানুয়ারির মধ্যে হলফনামা প্রকাশ
প্রার্থীদের হলফনামা আগামী ৫ জানুয়ারির মধ্যে প্রকাশ করা হবে বলে জানিয়েছে নির্বাচন কমিশন। ভোটাররা হলফনামা দেখে প্রার্থীদের সম্পর্কে তথ্য জানতে পারবেন। কমিশনের ওয়েবসাইটে এসব তথ্য পাওয়া যাবে। প্রার্থীদের হলফনামা আগামী ৫ জানুয়ারির মধ্যে প্রকাশ করা হবে বলে জানিয়েছে নির্বাচন কমিশন। ভোটাররা হলফনামা দেখে প্রার্থীদের সম্পর্কে তথ্য জানতে পারবেন। কমিশনের ওয়েবসাইটে এসব তথ্য পাওয়া যাবে। প্রার্থীদের হলফনামা আগামী ৫ জানুয়ারির মধ্যে প্রকাশ করা হবে বলে জানিয়েছে নির্বাচন কমিশন। ভোটাররা হলফনামা দেখে প্রার্থীদের সম্পর্কে তথ্য জানতে পারবেন। কমিশনের ওয়েবসাইটে এসব তথ্য পাওয়া যাবে। প্রার্থীদের হলফনামা আগামী ৫ জানুয়ারির মধ্যে প্রকাশ করা হবে বলে জানিয়েছে নির্বাচন কমিশন। ভোটাররা হলফনামা দেখে প্রার্থীদের সম্পর্কে তথ্য জানতে পারবেন। কমিশনের ওয়েবসাইটে এসব তথ্য পাওয়া যাবে। প্রার্থীদের হলফনামা আগামী ৫ জানুয়ারির মধ্যে প্রকাশ করা হবে বলে জানিয়েছে নির্বাচন কমিশন। ভোটাররা হলফনামা দেখে প্রার্থীদের সম্পর্কে তথ্য জানতে পারবেন। কমিশনের ওয়েবসাইটে এসব তথ্য পাওয়া যাবে। প্রার্থীদের হলফনামা আগামী ৫ জানুয়ারির মধ্যে প্রকাশ করা হবে বলে জানিয়েছে নির্বাচন কমিশন। ভোটাররা হলফনামা দেখে প্রার্থীদের সম্পর্কে তথ্য জানতে পারবেন। কমিশনের ওয়েবসাইটে এসব তথ্য পাওয়া যাবে।
হার মানলো শত কোটি টাকা
বিপুল অর্থ ব্যয়ের পরও প্রকল্পটি সফল হয়নি। শত কোটি টাকা ব্যয়ে নির্মিত প্রকল্পের সুফল পাচ্ছে না এলাকাবাসী। সংশ্লিষ্টরা বলছেন, পরিকল্পনার ঘাটতি ও তদারকির অভাবে এমন পরিস্থিতি তৈরি হয়েছে। বিপুল অর্থ ব্যয়ের পরও প্রকল্পটি সফল হয়নি। শত কোটি টাকা ব্যয়ে নির্মিত প্রকল্পের সুফল পাচ্ছে না এলাকাবাসী। সংশ্লিষ্টরা বলছেন, পরিকল্পনার ঘাটতি ও তদারকির অভাবে এমন পরিস্থিতি তৈরি হয়েছে। বিপুল অর্থ ব্যয়ের পরও প্রকল্পটি সফল হয়নি। শত কোটি টাকা ব্যয়ে নির্মিত প্রকল্পের সুফল পাচ্ছে না এলাকাবাসী। সংশ্লিষ্টরা বলছেন, পরিকল্পনার ঘাটতি ও তদারকির অভাবে এমন পরিস্থিতি তৈরি হয়েছে। বিপুল অর্থ ব্যয়ের পরও প্রকল্পটি সফল হয়নি। শত কোটি টাকা ব্যয়ে নির্মিত প্রকল্পের সুফল পাচ্ছে না এলাকাবাসী। সংশ্লিষ্টরা বলছেন, পরিকল্পনার ঘাটতি ও তদারকির অভাবে এমন পরিস্থিতি তৈরি হয়েছে। বিপুল অর্থ ব্যয়ের পরও প্রকল্পটি সফল হয়নি। শত কোটি টাকা ব্যয়ে নির্মিত প্রকল্পের সুফল পাচ্ছে না এলাকাবাসী। সংশ্লিষ্টরা বলছেন, পরিকল্পনার ঘাটতি ও তদারকির অভাবে এমন পরিস্থিতি তৈরি হয়েছে। বিপুল অর্থ ব্যয়ের পরও প্রকল্পটি সফল হয়নি। শত কোটি টাকা ব্যয়ে নির্মিত প্রকল্পের সুফল পাচ্ছে না এলাকাবাসী। সংশ্লিষ্টরা বলছেন, পরিকল্পনার ঘাটতি ও তদারকির অভাবে এমন পরিস্থিতি তৈরি হয়েছে। বিপুল অর্থ ব্যয়ের পরও প্রকল্পটি সফল হয়নি। শত কোটি টাকা ব্যয়ে নির্মিত প্রকল্পের সুফল পাচ্ছে না এলাকাবাসী। সংশ্লিষ্টরা বলছেন, পরিকল্পনার ঘাটতি ও তদারকির অভাবে এমন পরিস্থিতি তৈরি হয়েছে। বিপুল অর্থ ব্যয়ের পরও প্রকল্পটি সফল হয়নি। শত কোটি টাকা ব্যয়ে নির্মিত প্রকল্পের সুফল পাচ্ছে না এলাকাবাসী। সংশ্লিষ্টরা বলছেন, পরিকল্পনার ঘাটতি ও তদারকির অভাবে এমন পরিস্থিতি তৈরি হয়েছে। বিপুল অর্থ ব্যয়ের পরও প্রকল্পটি সফল হয়নি। শত কোটি টাকা ব্যয়ে নির্মিত প্রকল্পের সুফল পাচ্ছে না এলাকাবাসী। সংশ্লিষ্টরা বলছেন, পরিকল্পনার ঘাটতি ও তদারকির অভাবে এমন পরিস্থিতি তৈরি হয়েছে। বিপুল অর্থ ব্যয়ের পরও প্রকল্পটি সফল হয়নি। শত কোটি টাকা ব্যয়ে নির্মিত প্রকল্পের সুফল পাচ্ছে না এলাকাবাসী। সংশ্লিষ্টরা বলছেন, পরিকল্পনার ঘাটতি ও তদারকির অভাবে এমন পরিস্থিতি তৈরি হয়েছে। বিপুল অর্থ ব্যয়ের পরও প্রকল্পটি সফল হয়নি। শত কোটি টাকা ব্যয়ে নির্মিত প্রকল্পের সুফল পাচ্ছে না এলাকাবাসী। সংশ্লিষ্টরা বলছেন, পরিকল্পনার ঘাটতি ও তদারকির অভাবে এমন পরিস্থিতি তৈরি হয়েছে। বিপুল অর্থ ব্যয়ের পরও প্রকল্পটি সফল হয়নি। শত কোটি টাকা ব্যয়ে নির্মিত প্রকল্পের সুফল পাচ্ছে না এলাকাবাসী। সংশ্লিষ্টরা বলছেন, পরিকল্পনার ঘাটতি ও তদারকির অভাবে এমন পরিস্থিতি তৈরি হয়েছে। বিপুল অর্থ ব্যয়ের পরও প্রকল্পটি সফল হয়নি। শত কোটি টাকা ব্যয়ে নির্মিত প্রকল্পের সুফল পাচ্ছে না এলাকাবাসী। সংশ্লিষ্টরা বলছেন, পরিকল্পনার ঘাটতি ও তদারকির অভাবে এমন পরিস্থিতি তৈরি হয়েছে। বিপুল অর্থ ব্যয়ের পরও প্রকল্পটি সফল হয়নি। শত কোটি টাকা ব্যয়ে নির্মিত প্রকল্পের সুফল পাচ্ছে না এলাকাবাসী। সংশ্লিষ্টরা বলছেন, পরিকল্পনার ঘাটতি ও তদারকির অভাবে এমন পরিস্থিতি তৈরি হয়েছে।
ঢাকা-১৫ আসনে মনোনয়নপত্র জমা
ঢাকা-১৫ আসনে একাধিক প্রার্থী মনোনয়নপত্র জমা দিয়েছেন। রিটার্নিং কর্মকর্তা জানান, যাচাই-বাছাই শেষে বৈধ প্রার্থীদের তালিকা প্রকাশ করা হবে। প্রার্থীরা নির্বাচনী প্রচারণার প্রস্তুতি নিচ্ছেন। ঢাকা-১৫ আসনে একাধিক প্রার্থী মনোনয়নপত্র জমা দিয়েছেন। রিটার্নিং কর্মকর্তা জানান, যাচাই-বাছাই শেষে বৈধ প্রার্থীদের তালিকা প্রকাশ করা হবে। প্রার্থীরা নির্বাচনী প্রচারণার প্রস্তুতি নিচ্ছেন। ঢাকা-১৫ আসনে একাধিক প্রার্থী মনোনয়নপত্র জমা দিয়েছেন। রিটার্নিং কর্মকর্তা জানান, যাচাই-বাছাই শেষে বৈধ প্রার্থীদের তালিকা প্রকাশ করা হবে। প্রার্থীরা নির্বাচনী প্রচারণার প্রস্তুতি নিচ্ছেন। ঢাকা-১৫ আসনে একাধিক প্রার্থী মনোনয়নপত্র জমা দিয়েছেন। রিটার্নিং কর্মকর্তা জানান, যাচাই-বাছাই শেষে বৈধ প্রার্থীদের তালিকা প্রকাশ করা হবে। প্রার্থীরা নির্বাচনী প্রচারণার প্রস্তুতি নিচ্ছেন। ঢাকা-১৫ আসনে একাধিক প্রার্থী মনোনয়নপত্র জমা দিয়েছেন। রিটার্নিং কর্মকর্তা জানান, যাচাই-বাছাই শেষে বৈধ প্রার্থীদের তালিকা প্রকাশ করা হবে। প্রার্থীরা নির্বাচনী প্রচারণার প্রস্তুতি নিচ্ছেন। ঢাকা-১৫ আসনে একাধিক প্রার্থী মনোনয়নপত্র জমা দিয়েছেন। রিটার্নিং কর্মকর্তা জানান, যাচাই-বাছাই শেষে বৈধ প্রার্থীদের তালিকা প্রকাশ করা হবে। প্রার্থীরা নির্বাচনী প্রচারণার প্রস্তুতি নিচ্ছেন। ঢাকা-১৫ আসনে একাধিক প্রার্থী মনোনয়নপত্র জমা দিয়েছেন। রিটার্নিং কর্মকর্তা জানান, যাচাই-বাছাই শেষে বৈধ প্রার্থীদের তালিকা প্রকাশ করা হবে। প্রার্থীরা নির্বাচনী প্রচারণার প্রস্তুতি নিচ্ছেন। ঢাকা-১৫ আসনে একাধিক প্রার্থী মনোনয়নপত্র জমা দিয়েছেন। রিটার্নিং কর্মকর্তা জানান, যাচাই-বাছাই শেষে বৈধ প্রার্থীদের তালিকা প্রকাশ করা হবে। প্রার্থীরা নির্বাচনী প্রচারণার প্রস্তুতি নিচ্ছেন। ঢাকা-১৫ আসনে একাধিক প্রার্থী মনোনয়নপত্র জমা দিয়েছেন। রিটার্নিং কর্মকর্তা জানান, যাচাই-বাছাই শেষে বৈধ প্রার্থীদের তালিকা প্রকাশ করা হবে। প্রার্থীরা নির্বাচনী প্রচারণার প্রস্তুতি নিচ্ছেন। ঢাকা-১৫ আসনে একাধিক প্রার্থী মনোনয়নপত্র জমা দিয়েছেন। রিটার্নিং কর্মকর্তা জানান, যাচাই-বাছাই শেষে বৈধ প্রার্থীদের তালিকা প্রকাশ করা হবে। প্রার্থীরা নির্বাচনী প্রচারণার প্রস্তুতি নিচ্ছেন। ঢাকা-১৫ আসনে একাধিক প্রার্থী মনোনয়নপত্র জমা দিয়েছেন। রিটার্নিং কর্মকর্তা জানান, যাচাই-বাছাই শেষে বৈধ প্রার্থীদের তালিকা প্রকাশ করা হবে। প্রার্থীরা নির্বাচনী প্রচারণার প্রস্তুতি নিচ্ছেন। ঢাকা-১৫ আসনে একাধিক প্রার্থী মনোনয়নপত্র জমা দিয়েছেন। রিটার্নিং কর্মকর্তা জানান, যাচাই-বাছাই শেষে বৈধ প্রার্থীদের তালিকা প্রকাশ করা হবে। প্রার্থীরা নির্বাচনী প্রচারণার প্রস্তুতি নিচ্ছেন। ঢাকা-১৫ আসনে একাধিক প্রার্থী মনোনয়নপত্র জমা দিয়েছেন। রিটার্নিং কর্মকর্তা জানান, যাচাই-বাছাই শেষে বৈধ প্রার্থীদের তালিকা প্রকাশ করা হবে। প্রার্থীরা নির্বাচনী প্রচারণার প্রস্তুতি নিচ্ছেন। ঢাকা-১৫ আসনে একাধিক প্রার্থী মনোনয়নপত্র জমা দিয়েছেন। রিটার্নিং কর্মকর্তা জানান, যাচাই-বাছাই শেষে বৈধ প্রার্থীদের তালিকা প্রকাশ করা হবে। প্রার্থীরা নির্বাচনী প্রচারণার প্রস্তুতি নিচ্ছেন। ঢাকা-১৫ আসনে একাধিক প্রার্থী মনোনয়নপত্র জমা দিয়েছেন। রিটার্নিং কর্মকর্তা জানান, যাচাই-বাছাই শেষে বৈধ প্রার্থীদের তালিকা প্রকাশ করা হবে। প্রার্থীরা নির্বাচনী প্রচারণার প্রস্তুতি নিচ্ছেন। ঢাকা-১৫ আসনে একাধিক প্রার্থী মনোনয়নপত্র জমা দিয়েছেন। রিটার্নিং কর্মকর্তা জানান, যাচাই-বাছাই শেষে বৈধ প্রার্থীদের তালিকা প্রকাশ করা হবে। প্রার্থীরা নির্বাচনী প্রচারণার প্রস্তুতি নিচ্ছেন। ঢাকা-১৫ আসনে একাধিক প্রার্থী মনোনয়নপত্র জমা দিয়েছেন। রিটার্নিং কর্মকর্তা জানান, যাচাই-বাছাই শেষে বৈধ প্রার্থীদের তালিকা প্রকাশ করা হবে। প্রার্থীরা নির্বাচনী প্রচারণার প্রস্তুতি নিচ্ছেন। ঢাকা-১৫ আসনে একাধিক প্রার্থী মনোনয়নপত্র জমা দিয়েছেন। রিটার্নিং কর্মকর্তা জানান, যাচাই-বাছাই শেষে বৈধ প্রার্থীদের তালিকা প্রকাশ করা হবে। প্রার্থীরা নির্বাচনী প্রচারণার প্রস্তুতি নিচ্ছেন। ঢাকা-১৫ আসনে একাধিক প্রার্থী মনোনয়নপত্র জমা দিয়েছেন। রিটার্নিং কর্মকর্তা জানান, যাচাই-বাছাই শেষে বৈধ প্রার্থীদের তালিকা প্রকাশ করা হবে। প্রার্থীরা নির্বাচনী প্রচারণার প্রস্তুতি নিচ্ছেন। ঢাকা-১৫ আসনে একাধিক প্রার্থী মনোনয়নপত্র জমা দিয়েছেন। রিটার্নিং কর্মকর্তা জানান, যাচাই-বাছাই শেষে বৈধ প্রার্থীদের তালিকা প্রকাশ করা হবে। প্রার্থীরা নির্বাচনী প্রচারণার প্রস্তুতি নিচ্ছেন। ঢাকা-১৫ আসনে একাধিক প্রার্থী মনোনয়নপত্র জমা দিয়েছেন। রিটার্নিং কর্মকর্তা জানান, যাচাই-বাছাই শেষে বৈধ প্রার্থীদের তালিকা প্রকাশ করা হবে। প্রার্থীরা নির্বাচনী প্রচারণার প্রস্তুতি নিচ্ছেন। ঢাকা-১৫ আসনে একাধিক প্রার্থী মনোনয়নপত্র জমা দিয়েছেন। রিটার্নিং কর্মকর্তা জানান, যাচাই-বাছাই শেষে বৈধ প্রার্থীদের তালিকা প্রকাশ করা হবে। প্রার্থীরা নির্বাচনী প্রচারণার প্রস্তুতি নিচ্ছেন। ঢাকা-১৫ আসনে একাধিক প্রার্থী মনোনয়নপত্র জমা দিয়েছেন। রিটার্নিং কর্মকর্তা জানান, যাচাই-বাছাই শেষে বৈধ প্রার্থীদের তালিকা প্রকাশ করা হবে। প্রার্থীরা নির্বাচনী প্রচারণার প্রস্তুতি নিচ্ছেন। ঢাকা-১৫ আসনে একাধিক প্রার্থী মনোনয়নপত্র জমা দিয়েছেন। রিটার্নিং কর্মকর্তা জানান, যাচাই-বাছাই শেষে বৈধ প্রার্থীদের তালিকা প্রকাশ করা হবে। প্রার্থীরা নির্বাচনী প্রচারণার প্রস্তুতি নিচ্ছেন। ঢাকা-১৫ আসনে একাধিক প্রার্থী মনোনয়নপত্র জমা দিয়েছেন। রিটার্নিং কর্মকর্তা জানান, যাচাই-বাছাই শেষে বৈধ প্রার্থীদের তালিকা প্রকাশ করা হবে। প্রার্থীরা নির্বাচনী প্রচারণার প্রস্তুতি নিচ্ছেন। ঢাকা-১৫ আসনে একাধিক প্রার্থী মনোনয়নপত্র জমা দিয়েছেন। রিটার্নিং কর্মকর্তা জানান, যাচাই-বাছাই শেষে বৈধ প্রার্থীদের তালিকা প্রকাশ করা হবে। প্রার্থীরা নির্বাচনী প্রচারণার প্রস্তুতি নিচ্ছেন। ঢাকা-১৫ আসনে একাধিক প্রার্থী মনোনয়নপত্র জমা দিয়েছেন। রিটার্নিং কর্মকর্তা জানান, যাচাই-বাছাই শেষে বৈধ প্রার্থীদের তালিকা প্রকাশ করা হবে। প্রার্থীরা নির্বাচনী প্রচারণার প্রস্তুতি নিচ্ছেন। ঢাকা-১৫ আসনে একাধিক প্রার্থী মনোনয়নপত্র জমা দিয়েছেন। রিটার্নিং কর্মকর্তা জানান, যাচাই-বাছাই শেষে বৈধ প্রার্থীদের তালিকা প্রকাশ করা হবে। প্রার্থীরা নির্বাচনী প্রচারণার প্রস্তুতি নিচ্ছেন। ঢাকা-১৫ আসনে একাধিক প্রার্থী মনোনয়নপত্র জমা দিয়েছেন। রিটার্নিং কর্মকর্তা জানান, যাচাই-বাছাই শেষে বৈধ প্রার্থীদের তালিকা প্রকাশ করা হবে। প্রার্থীরা নির্বাচনী প্রচারণার প্রস্তুতি নিচ্ছেন। ঢাকা-১৫ আসনে একাধিক প্রার্থী মনোনয়নপত্র জমা দিয়েছেন। রিটার্নিং কর্মকর্তা জানান, যাচাই-বাছাই শেষে বৈধ প্রার্থীদের তালিকা প্রকাশ করা হবে। প্রার্থীরা নির্বাচনী প্রচারণার প্রস্তুতি নিচ্ছেন।
ঢাকা-১১ আসনে প্রার্থী নাহিদকে শুভেচ্ছা জানিয়েছেন স্থানীয় নেতাকর্মীরা। তিনি এলাকার উন্নয়নে কাজ করার প্রতিশ্রুতি দিয়েছেন এবং ভোটারদের সমর্থন চেয়েছেন।
ঢাকা-১১ আসনে নাহিদকে শুভ
ঢাকা-১১ আসনে প্রার্থী নাহিদকে শুভেচ্ছা জানিয়েছেন স্থানীয় নেতাকর্মীরা। তিনি এলাকার উন্নয়নে কাজ করার প্রতিশ্রুতি দিয়েছেন এবং ভোটারদের সমর্থন চেয়েছেন। ঢাকা-১১ আসনে প্রার্থী নাহিদকে শুভেচ্ছা জানিয়েছেন স্থানীয় নেতাকর্মীরা। তিনি এলাকার উন্নয়নে কাজ করার প্রতিশ্রুতি দিয়েছেন এবং ভোটারদের সমর্থন চেয়েছেন। ঢাকা-১১ আসনে প্রার্থী নাহিদকে শুভেচ্ছা জানিয়েছেন স্থানীয় নেতাকর্মীরা। তিনি এলাকার উন্নয়নে কাজ করার প্রতিশ্রুতি দিয়েছেন এবং ভোটারদের সমর্থন চেয়েছেন। ঢাকা-১১ আসনে প্রার্থী নাহিদকে শুভেচ্ছা জানিয়েছেন স্থানীয় নেতাকর্মীরা। তিনি এলাকার উন্নয়নে কাজ করার প্রতিশ্রুতি দিয়েছেন এবং ভোটারদের সমর্থন চেয়েছেন। ঢাকা-১১ আসনে প্রার্থী নাহিদকে শুভেচ্ছা জানিয়েছেন স্থানীয় নেতাকর্মীরা। তিনি এলাকার উন্নয়নে কাজ করার প্রতিশ্রুতি দিয়েছেন এবং ভোটারদের সমর্থন চেয়েছেন। ঢাকা-১১ আসনে প্রার্থী নাহিদকে শুভেচ্ছা জানিয়েছেন স্থানীয় নেতাকর্মীরা। তিনি এলাকার উন্নয়নে কাজ করার প্রতিশ্রুতি দিয়েছেন এবং ভোটারদের সমর্থন চেয়েছেন। ঢাকা-১১ আসনে প্রার্থী নাহিদকে শুভেচ্ছা জানিয়েছেন স্থানীয় নেতাকর্মীরা। তিনি এলাকার উন্নয়নে কাজ করার প্রতিশ্রুতি দিয়েছেন এবং ভোটারদের সমর্থন চেয়েছেন। ঢাকা-১১ আসনে প্রার্থী নাহিদকে শুভেচ্ছা জানিয়েছেন স্থানীয় নেতাকর্মীরা। তিনি এলাকার উন্নয়নে কাজ করার প্রতিশ্রুতি দিয়েছেন এবং ভোটারদের সমর্থন চেয়েছেন।
কপ সম্মেলনে দেশের পক্ষে
জলবায়ু সম্মেলনে দেশের পক্ষে প্রতিনিধিদল অংশ নিয়েছে। সম্মেলনে জলবায়ু পরিবর্তনের ক্ষতিপূরণ ও অভিযোজন তহবিলের বিষয়ে জোরালো দাবি তুলে ধরা হয়েছে। জলবায়ু সম্মেলনে দেশের পক্ষে প্রতিনিধিদল অংশ নিয়েছে। সম্মেলনে জলবায়ু পরিবর্তনের ক্ষতিপূরণ ও অভিযোজন তহবিলের বিষয়ে জোরালো দাবি তুলে ধরা হয়েছে। জলবায়ু সম্মেলনে দেশের পক্ষে প্রতিনিধিদল অংশ নিয়েছে। সম্মেলনে জলবায়ু পরিবর্তনের ক্ষতিপূরণ ও অভিযোজন তহবিলের বিষয়ে জোরালো দাবি তুলে ধরা হয়েছে। জলবায়ু সম্মেলনে দেশের পক্ষে প্রতিনিধিদল অংশ নিয়েছে। সম্মেলনে জলবায়ু পরিবর্তনের ক্ষতিপূরণ ও অভিযোজন তহবিলের বিষয়ে জোরালো দাবি তুলে ধরা হয়েছে। জলবায়ু সম্মেলনে দেশের পক্ষে প্রতিনিধিদল অংশ নিয়েছে। সম্মেলনে জলবায়ু পরিবর্তনের ক্ষতিপূরণ ও অভিযোজন তহবিলের বিষয়ে জোরালো দাবি তুলে ধরা হয়েছে।
বীর প্রতীক ওহন আলী শরীফকে নিয়ে ইউএনডুর আবেগঘন স্ট্যাটাস
বীর প্রতীক ওহন আলী শরীফকে নিয়ে সামাজিক যোগাযোগমাধ্যমে আবেগঘন স্ট্যাটাস দিয়েছেন ইউএনও। তিনি মুক্তিযুদ্ধে তার অবদানের কথা স্মরণ করেন এবং শ্রদ্ধা জানান। স্থানীয় প্রশাসন মুক্তিযোদ্ধাদের সম্মাননা দেওয়ার উদ্যোগ নিয়েছে। বীর প্রতীক ওহন আলী শরীফকে নিয়ে সামাজিক যোগাযোগমাধ্যমে আবেগঘন স্ট্যাটাস দিয়েছেন ইউএনও। তিনি মুক্তিযুদ্ধে তার অবদানের কথা স্মরণ করেন এবং শ্রদ্ধা জানান। স্থানীয় প্রশাসন মুক্তিযোদ্ধাদের সম্মাননা দেওয়ার উদ্যোগ নিয়েছে। বীর প্রতীক ওহন আলী শরীফকে নিয়ে সামাজিক যোগাযোগমাধ্যমে আবেগঘন স্ট্যাটাস দিয়েছেন ইউএনও। তিনি মুক্তিযুদ্ধে তার অবদানের কথা স্মরণ করেন এবং শ্রদ্ধা জানান। স্থানীয় প্রশাসন মুক্তিযোদ্ধাদের সম্মাননা দেওয়ার উদ্যোগ নিয়েছে। বীর প্রতীক ওহন আলী শরীফকে নিয়ে সামাজিক যোগাযোগমাধ্যমে আবেগঘন স্ট্যাটাস দিয়েছেন ইউএনও। তিনি মুক্তিযুদ্ধে তার অবদানের কথা স্মরণ করেন এবং শ্রদ্ধা জানান। স্থানীয় প্রশাসন মুক্তিযোদ্ধাদের সম্মাননা দেওয়ার উদ্যোগ নিয়েছে। বীর প্রতীক ওহন আলী শরীফকে নিয়ে সামাজিক যোগাযোগমাধ্যমে আবেগঘন স্ট্যাটাস দিয়েছেন ইউএনও। তিনি মুক্তিযুদ্ধে তার অবদানের কথা স্মরণ করেন এবং শ্রদ্ধা জানান। স্থানীয় প্রশাসন মুক্তিযোদ্ধাদের সম্মাননা দেওয়ার উদ্যোগ নিয়েছে। বীর প্রতীক ওহন আলী শরীফকে নিয়ে সামাজিক যোগাযোগমাধ্যমে আবেগঘন স্ট্যাটাস দিয়েছেন ইউএনও। তিনি মুক্তিযুদ্ধে তার অবদানের কথা স্মরণ করেন এবং শ্রদ্ধা জানান। স্থানীয় প্রশাসন মুক্তিযোদ্ধাদের সম্মাননা দেওয়ার উদ্যোগ নিয়েছে। বীর প্রতীক ওহন আলী শরীফকে নিয়ে সামাজিক যোগাযোগমাধ্যমে আবেগঘন স্ট্যাটাস দিয়েছেন ইউএনও। তিনি মুক্তিযুদ্ধে তার অবদানের কথা স্মরণ করেন এবং শ্রদ্ধা জানান। স্থানীয় প্রশাসন মুক্তিযোদ্ধাদের সম্মাননা দেওয়ার উদ্যোগ নিয়েছে। বীর প্রতীক ওহন আলী শরীফকে নিয়ে সামাজিক যোগাযোগমাধ্যমে আবেগঘন স্ট্যাটাস দিয়েছেন ইউএনও। তিনি মুক্তিযুদ্ধে তার অবদানের কথা স্মরণ করেন এবং শ্রদ্ধা জানান। স্থানীয় প্রশাসন মুক্তিযোদ্ধাদের সম্মাননা দেওয়ার উদ্যোগ নিয়েছে। বীর প্রতীক ওহন আলী শরীফকে নিয়ে সামাজিক যোগাযোগমাধ্যমে আবেগঘন স্ট্যাটাস দিয়েছেন ইউএনও। তিনি মুক্তিযুদ্ধে তার অবদানের কথা স্মরণ করেন এবং শ্রদ্ধা জানান। স্থানীয় প্রশাসন মুক্তিযোদ্ধাদের সম্মাননা দেওয়ার উদ্যোগ নিয়েছে। বীর প্রতীক ওহন আলী শরীফকে নিয়ে সামাজিক যোগাযোগমাধ্যমে আবেগঘন স্ট্যাটাস দিয়েছেন ইউএনও। তিনি মুক্তিযুদ্ধে তার অবদানের কথা স্মরণ করেন এবং শ্রদ্ধা জানান। স্থানীয় প্রশাসন মুক্তিযোদ্ধাদের সম্মাননা দেওয়ার উদ্যোগ নিয়েছে। বীর প্রতীক ওহন আলী শরীফকে নিয়ে সামাজিক যোগাযোগমাধ্যমে আবেগঘন স্ট্যাটাস দিয়েছেন ইউএনও। তিনি মুক্তিযুদ্ধে তার অবদানের কথা স্মরণ করেন এবং শ্রদ্ধা জানান। স্থানীয় প্রশাসন মুক্তিযোদ্ধাদের সম্মাননা দেওয়ার উদ্যোগ নিয়েছে। বীর প্রতীক ওহন আলী শরীফকে নিয়ে সামাজিক যোগাযোগমাধ্যমে আবেগঘন স্ট্যাটাস দিয়েছেন ইউএনও। তিনি মুক্তিযুদ্ধে তার অবদানের কথা স্মরণ করেন এবং শ্রদ্ধা জানান। স্থানীয় প্রশাসন মুক্তিযোদ্ধাদের সম্মাননা দেওয়ার উদ্যোগ নিয়েছে। বীর প্রতীক ওহন আলী শরীফকে নিয়ে সামাজিক যোগাযোগমাধ্যমে আবেগঘন স্ট্যাটাস দিয়েছেন ইউএনও। তিনি মুক্তিযুদ্ধে তার অবদানের কথা স্মরণ করেন এবং শ্রদ্ধা জানান। স্থানীয় প্রশাসন মুক্তিযোদ্ধাদের সম্মাননা দেওয়ার উদ্যোগ নিয়েছে। বীর প্রতীক ওহন আলী শরীফকে নিয়ে সামাজিক যোগাযোগমাধ্যমে আবেগঘন স্ট্যাটাস দিয়েছেন ইউএনও। তিনি মুক্তিযুদ্ধে তার অবদানের কথা স্মরণ করেন এবং শ্রদ্ধা জানান। স্থানীয় প্রশাসন মুক্তিযোদ্ধাদের সম্মাননা দেওয়ার উদ্যোগ নিয়েছে।
ঘন কুয়াশার কারণে ঢাকা-বরিশাল রুটে লঞ্চ চলাচল বন্ধ
ঘন কুয়াশার কারণে ঢাকা-বরিশাল রুটে লঞ্চ চলাচল সাময়িকভাবে বন্ধ রাখা হয়েছে। নৌ-পরিবহন কর্তৃপক্ষ জানিয়েছে, দৃশ্যমানতা স্বাভাবিক হলে আবার চলাচল শুরু হবে। যাত্রীরা ঘাটে অপেক্ষা করছেন। ঘন কুয়াশার কারণে ঢাকা-বরিশাল রুটে লঞ্চ চলাচল সাময়িকভাবে বন্ধ রাখা হয়েছে। নৌ-পরিবহন কর্তৃপক্ষ জানিয়েছে, দৃশ্যমানতা স্বাভাবিক হলে আবার চলাচল শুরু হবে। যাত্রীরা ঘাটে অপেক্ষা করছেন। ঘন কুয়াশার কারণে ঢাকা-বরিশাল রুটে লঞ্চ চলাচল সাময়িকভাবে বন্ধ রাখা হয়েছে। নৌ-পরিবহন কর্তৃপক্ষ জানিয়েছে, দৃশ্যমানতা স্বাভাবিক হলে আবার চলাচল শুরু হবে। যাত্রীরা ঘাটে অপেক্ষা করছেন। ঘন কুয়াশার কারণে ঢাকা-বরিশাল রুটে লঞ্চ চলাচল সাময়িকভাবে বন্ধ রাখা হয়েছে। নৌ-পরিবহন কর্তৃপক্ষ জানিয়েছে, দৃশ্যমানতা স্বাভাবিক হলে আবার চলাচল শুরু হবে। যাত্রীরা ঘাটে অপেক্ষা করছেন। ঘন কুয়াশার কারণে ঢাকা-বরিশাল রুটে লঞ্চ চলাচল সাময়িকভাবে বন্ধ রাখা হয়েছে। নৌ-পরিবহন কর্তৃপক্ষ জানিয়েছে, দৃশ্যমানতা স্বাভাবিক হলে আবার চলাচল শুরু হবে। যাত্রীরা ঘাটে অপেক্ষা করছেন। ঘন কুয়াশার কারণে ঢাকা-বরিশাল রুটে লঞ্চ চলাচল সাময়িকভাবে বন্ধ রাখা হয়েছে। নৌ-পরিবহন কর্তৃপক্ষ জানিয়েছে, দৃশ্যমানতা স্বাভাবিক হলে আবার চলাচল শুরু হবে। যাত্রীরা ঘাটে অপেক্ষা করছেন। ঘন কুয়াশার কারণে ঢাকা-বরিশাল রুটে লঞ্চ চলাচল সাময়িকভাবে বন্ধ রাখা হয়েছে। নৌ-পরিবহন কর্তৃপক্ষ জানিয়েছে, দৃশ্যমানতা স্বাভাবিক হলে আবার চলাচল শুরু হবে। যাত্রীরা ঘাটে অপেক্ষা করছেন। ঘন কুয়াশার কারণে ঢাকা-বরিশাল রুটে লঞ্চ চলাচল সাময়িকভাবে বন্ধ রাখা হয়েছে। নৌ-পরিবহন কর্তৃপক্ষ জানিয়েছে, দৃশ্যমানতা স্বাভাবিক হলে আবার চলাচল শুরু হবে। যাত্রীরা ঘাটে অপেক্ষা করছেন। ঘন কুয়াশার কারণে ঢাকা-বরিশাল রুটে লঞ্চ চলাচল সাময়িকভাবে বন্ধ রাখা হয়েছে। নৌ-পরিবহন কর্তৃপক্ষ জানিয়েছে, দৃশ্যমানতা স্বাভাবিক হলে আবার চলাচল শুরু হবে। যাত্রীরা ঘাটে অপেক্ষা করছেন। ঘন কুয়াশার কারণে ঢাকা-বরিশাল রুটে লঞ্চ চলাচল সাময়িকভাবে বন্ধ রাখা হয়েছে। নৌ-পরিবহন কর্তৃপক্ষ জানিয়েছে, দৃশ্যমানতা স্বাভাবিক হলে আবার চলাচল শুরু হবে। যাত্রীরা ঘাটে অপেক্ষা করছেন।
তাহেরপুরে অবৈধ বালু ও মাটি উত্তোলনের বিরুদ্ধে মোবাইল কোর্টে জরিমানা
তাহেরপুরে অবৈধভাবে বালু ও মাটি উত্তোলনের দায়ে ভ্রাম্যমাণ আদালত জরিমানা করেছে। উপজেলা প্রশাসন জানিয়েছে, পরিবেশ রক্ষায় এ অভিযান অব্যাহত থাকবে। তাহেরপুরে অবৈধভাবে বালু ও মাটি উত্তোলনের দায়ে ভ্রাম্যমাণ আদালত জরিমানা করেছে। উপজেলা প্রশাসন জানিয়েছে, পরিবেশ রক্ষায় এ অভিযান অব্যাহত থাকবে। তাহেরপুরে অবৈধভাবে বালু ও মাটি উত্তোলনের দায়ে ভ্রাম্যমাণ আদালত জরিমানা করেছে। উপজেলা প্রশাসন জানিয়েছে, পরিবেশ রক্ষায় এ অভিযান অব্যাহত থাকবে। তাহেরপুরে অবৈধভাবে বালু ও মাটি উত্তোলনের দায়ে ভ্রাম্যমাণ আদালত জরিমানা করেছে। উপজেলা প্রশাসন জানিয়েছে, পরিবেশ রক্ষায় এ অভিযান অব্যাহত থাকবে। তাহেরপুরে অবৈধভাবে বালু ও মাটি উত্তোলনের দায়ে ভ্রাম্যমাণ আদালত জরিমানা করেছে। উপজেলা প্রশাসন জানিয়েছে, পরিবেশ রক্ষায় এ অভিযান অব্যাহত থাকবে।
লৌহজংয়ের শিমুলিয়া ঘাটে অবৈধ ড্রেজিং কাজ বন্ধ করলেন প্রশাসন
শিমুলিয়া ঘাট এলাকায় অবৈধ ড্রেজিং কার্যক্রম বন্ধ করে দিয়েছে উপজেলা প্রশাসন। নদী ভাঙন রোধে এ পদক্ষেপ নেওয়া হয়েছে বলে জানানো হয়। শিমুলিয়া ঘাট এলাকায় অবৈধ ড্রেজিং কার্যক্রম বন্ধ করে দিয়েছে উপজেলা প্রশাসন। নদী ভাঙন রোধে এ পদক্ষেপ নেওয়া হয়েছে বলে জানানো হয়। শিমুলিয়া ঘাট এলাকায় অবৈধ ড্রেজিং কার্যক্রম বন্ধ করে দিয়েছে উপজেলা প্রশাসন। নদী ভাঙন রোধে এ পদক্ষেপ নেওয়া হয়েছে বলে জানানো হয়। শিমুলিয়া ঘাট এলাকায় অবৈধ ড্রেজিং কার্যক্রম বন্ধ করে দিয়েছে উপজেলা প্রশাসন। নদী ভাঙন রোধে এ পদক্ষেপ নেওয়া হয়েছে বলে জানানো হয়। শিমুলিয়া ঘাট এলাকায় অবৈধ ড্রেজিং কার্যক্রম বন্ধ করে দিয়েছে উপজেলা প্রশাসন। নদী ভাঙন রোধে এ পদক্ষেপ নেওয়া হয়েছে বলে জানানো হয়। শিমুলিয়া ঘাট এলাকায় অবৈধ ড্রেজিং কার্যক্রম বন্ধ করে দিয়েছে উপজেলা প্রশাসন। নদী ভাঙন রোধে এ পদক্ষেপ নেওয়া হয়েছে বলে জানানো হয়।
